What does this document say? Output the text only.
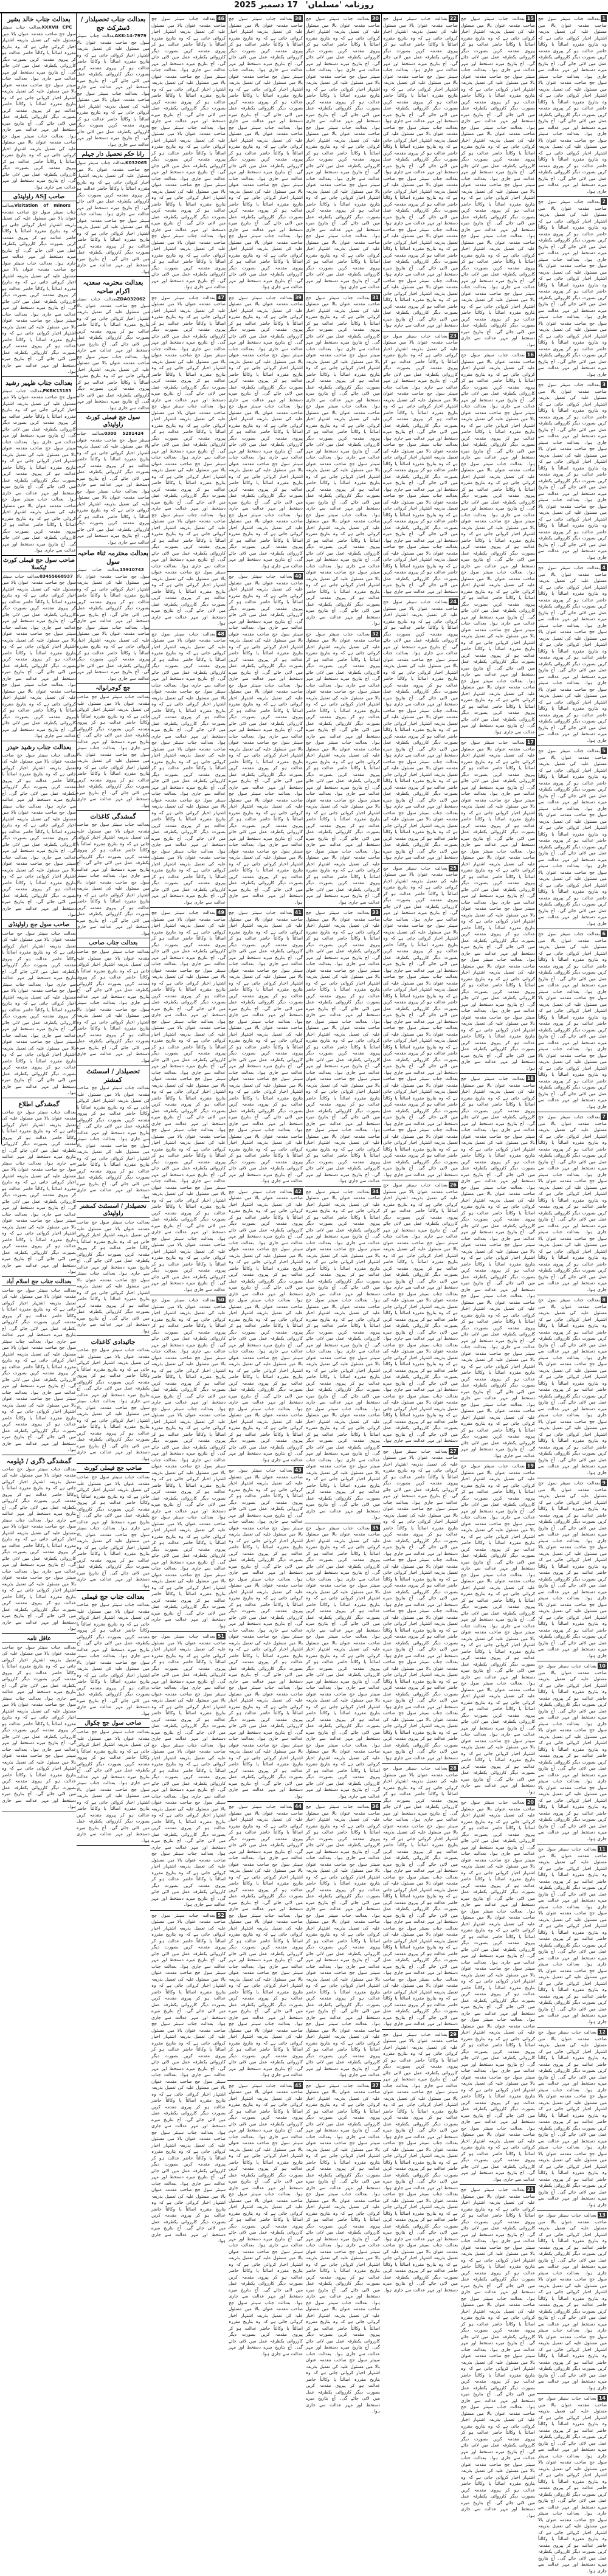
روزنامہ 'مسلمان' 17 دسمبر 2025
1بعدالت جناب سینئر سول جج صاحب مقدمہ عنوان بالا میں مسئول علیہ کی تعمیل بذریعہ اشتہار اخبار کروائی جاتی ہے کہ وہ بتاریخ مقررہ اصالتاً یا وکالتاً حاضر عدالت ہو کر پیروی مقدمہ کریں بصورت دیگر کارروائی یکطرفہ عمل میں لائی جائے گی۔ آج بتاریخ میرے دستخط اور مہر عدالت سے جاری ہوا۔ بعدالت جناب سینئر سول جج صاحب مقدمہ عنوان بالا میں مسئول علیہ کی تعمیل بذریعہ اشتہار اخبار کروائی جاتی ہے کہ وہ بتاریخ مقررہ اصالتاً یا وکالتاً حاضر عدالت ہو کر پیروی مقدمہ کریں بصورت دیگر کارروائی یکطرفہ عمل میں لائی جائے گی۔ آج بتاریخ میرے دستخط اور مہر عدالت سے جاری ہوا۔ بعدالت جناب سینئر سول جج صاحب مقدمہ عنوان بالا میں مسئول علیہ کی تعمیل بذریعہ اشتہار اخبار کروائی جاتی ہے کہ وہ بتاریخ مقررہ اصالتاً یا وکالتاً حاضر عدالت ہو کر پیروی مقدمہ کریں بصورت دیگر کارروائی یکطرفہ عمل میں لائی جائے گی۔ آج بتاریخ میرے دستخط اور مہر عدالت سے جاری ہوا۔
2بعدالت جناب سینئر سول جج صاحب مقدمہ عنوان بالا میں مسئول علیہ کی تعمیل بذریعہ اشتہار اخبار کروائی جاتی ہے کہ وہ بتاریخ مقررہ اصالتاً یا وکالتاً حاضر عدالت ہو کر پیروی مقدمہ کریں بصورت دیگر کارروائی یکطرفہ عمل میں لائی جائے گی۔ آج بتاریخ میرے دستخط اور مہر عدالت سے جاری ہوا۔ بعدالت جناب سینئر سول جج صاحب مقدمہ عنوان بالا میں مسئول علیہ کی تعمیل بذریعہ اشتہار اخبار کروائی جاتی ہے کہ وہ بتاریخ مقررہ اصالتاً یا وکالتاً حاضر عدالت ہو کر پیروی مقدمہ کریں بصورت دیگر کارروائی یکطرفہ عمل میں لائی جائے گی۔ آج بتاریخ میرے دستخط اور مہر عدالت سے جاری ہوا۔ بعدالت جناب سینئر سول جج صاحب مقدمہ عنوان بالا میں مسئول علیہ کی تعمیل بذریعہ اشتہار اخبار کروائی جاتی ہے کہ وہ بتاریخ مقررہ اصالتاً یا وکالتاً حاضر عدالت ہو کر پیروی مقدمہ کریں بصورت دیگر کارروائی یکطرفہ عمل میں لائی جائے گی۔ آج بتاریخ میرے دستخط اور مہر عدالت سے جاری ہوا۔
3بعدالت جناب سینئر سول جج صاحب مقدمہ عنوان بالا میں مسئول علیہ کی تعمیل بذریعہ اشتہار اخبار کروائی جاتی ہے کہ وہ بتاریخ مقررہ اصالتاً یا وکالتاً حاضر عدالت ہو کر پیروی مقدمہ کریں بصورت دیگر کارروائی یکطرفہ عمل میں لائی جائے گی۔ آج بتاریخ میرے دستخط اور مہر عدالت سے جاری ہوا۔ بعدالت جناب سینئر سول جج صاحب مقدمہ عنوان بالا میں مسئول علیہ کی تعمیل بذریعہ اشتہار اخبار کروائی جاتی ہے کہ وہ بتاریخ مقررہ اصالتاً یا وکالتاً حاضر عدالت ہو کر پیروی مقدمہ کریں بصورت دیگر کارروائی یکطرفہ عمل میں لائی جائے گی۔ آج بتاریخ میرے دستخط اور مہر عدالت سے جاری ہوا۔ بعدالت جناب سینئر سول جج صاحب مقدمہ عنوان بالا میں مسئول علیہ کی تعمیل بذریعہ اشتہار اخبار کروائی جاتی ہے کہ وہ بتاریخ مقررہ اصالتاً یا وکالتاً حاضر عدالت ہو کر پیروی مقدمہ کریں بصورت دیگر کارروائی یکطرفہ عمل میں لائی جائے گی۔ آج بتاریخ میرے دستخط اور مہر عدالت سے جاری ہوا۔
4بعدالت جناب سینئر سول جج صاحب مقدمہ عنوان بالا میں مسئول علیہ کی تعمیل بذریعہ اشتہار اخبار کروائی جاتی ہے کہ وہ بتاریخ مقررہ اصالتاً یا وکالتاً حاضر عدالت ہو کر پیروی مقدمہ کریں بصورت دیگر کارروائی یکطرفہ عمل میں لائی جائے گی۔ آج بتاریخ میرے دستخط اور مہر عدالت سے جاری ہوا۔ بعدالت جناب سینئر سول جج صاحب مقدمہ عنوان بالا میں مسئول علیہ کی تعمیل بذریعہ اشتہار اخبار کروائی جاتی ہے کہ وہ بتاریخ مقررہ اصالتاً یا وکالتاً حاضر عدالت ہو کر پیروی مقدمہ کریں بصورت دیگر کارروائی یکطرفہ عمل میں لائی جائے گی۔ آج بتاریخ میرے دستخط اور مہر عدالت سے جاری ہوا۔ بعدالت جناب سینئر سول جج صاحب مقدمہ عنوان بالا میں مسئول علیہ کی تعمیل بذریعہ اشتہار اخبار کروائی جاتی ہے کہ وہ بتاریخ مقررہ اصالتاً یا وکالتاً حاضر عدالت ہو کر پیروی مقدمہ کریں بصورت دیگر کارروائی یکطرفہ عمل میں لائی جائے گی۔ آج بتاریخ میرے دستخط اور مہر عدالت سے جاری ہوا۔
5بعدالت جناب سینئر سول جج صاحب مقدمہ عنوان بالا میں مسئول علیہ کی تعمیل بذریعہ اشتہار اخبار کروائی جاتی ہے کہ وہ بتاریخ مقررہ اصالتاً یا وکالتاً حاضر عدالت ہو کر پیروی مقدمہ کریں بصورت دیگر کارروائی یکطرفہ عمل میں لائی جائے گی۔ آج بتاریخ میرے دستخط اور مہر عدالت سے جاری ہوا۔ بعدالت جناب سینئر سول جج صاحب مقدمہ عنوان بالا میں مسئول علیہ کی تعمیل بذریعہ اشتہار اخبار کروائی جاتی ہے کہ وہ بتاریخ مقررہ اصالتاً یا وکالتاً حاضر عدالت ہو کر پیروی مقدمہ کریں بصورت دیگر کارروائی یکطرفہ عمل میں لائی جائے گی۔ آج بتاریخ میرے دستخط اور مہر عدالت سے جاری ہوا۔ بعدالت جناب سینئر سول جج صاحب مقدمہ عنوان بالا میں مسئول علیہ کی تعمیل بذریعہ اشتہار اخبار کروائی جاتی ہے کہ وہ بتاریخ مقررہ اصالتاً یا وکالتاً حاضر عدالت ہو کر پیروی مقدمہ کریں بصورت دیگر کارروائی یکطرفہ عمل میں لائی جائے گی۔ آج بتاریخ میرے دستخط اور مہر عدالت سے جاری ہوا۔
6بعدالت جناب سینئر سول جج صاحب مقدمہ عنوان بالا میں مسئول علیہ کی تعمیل بذریعہ اشتہار اخبار کروائی جاتی ہے کہ وہ بتاریخ مقررہ اصالتاً یا وکالتاً حاضر عدالت ہو کر پیروی مقدمہ کریں بصورت دیگر کارروائی یکطرفہ عمل میں لائی جائے گی۔ آج بتاریخ میرے دستخط اور مہر عدالت سے جاری ہوا۔ بعدالت جناب سینئر سول جج صاحب مقدمہ عنوان بالا میں مسئول علیہ کی تعمیل بذریعہ اشتہار اخبار کروائی جاتی ہے کہ وہ بتاریخ مقررہ اصالتاً یا وکالتاً حاضر عدالت ہو کر پیروی مقدمہ کریں بصورت دیگر کارروائی یکطرفہ عمل میں لائی جائے گی۔ آج بتاریخ میرے دستخط اور مہر عدالت سے جاری ہوا۔ بعدالت جناب سینئر سول جج صاحب مقدمہ عنوان بالا میں مسئول علیہ کی تعمیل بذریعہ اشتہار اخبار کروائی جاتی ہے کہ وہ بتاریخ مقررہ اصالتاً یا وکالتاً حاضر عدالت ہو کر پیروی مقدمہ کریں بصورت دیگر کارروائی یکطرفہ عمل میں لائی جائے گی۔ آج بتاریخ میرے دستخط اور مہر عدالت سے جاری ہوا۔
7بعدالت جناب سینئر سول جج صاحب مقدمہ عنوان بالا میں مسئول علیہ کی تعمیل بذریعہ اشتہار اخبار کروائی جاتی ہے کہ وہ بتاریخ مقررہ اصالتاً یا وکالتاً حاضر عدالت ہو کر پیروی مقدمہ کریں بصورت دیگر کارروائی یکطرفہ عمل میں لائی جائے گی۔ آج بتاریخ میرے دستخط اور مہر عدالت سے جاری ہوا۔ بعدالت جناب سینئر سول جج صاحب مقدمہ عنوان بالا میں مسئول علیہ کی تعمیل بذریعہ اشتہار اخبار کروائی جاتی ہے کہ وہ بتاریخ مقررہ اصالتاً یا وکالتاً حاضر عدالت ہو کر پیروی مقدمہ کریں بصورت دیگر کارروائی یکطرفہ عمل میں لائی جائے گی۔ آج بتاریخ میرے دستخط اور مہر عدالت سے جاری ہوا۔ بعدالت جناب سینئر سول جج صاحب مقدمہ عنوان بالا میں مسئول علیہ کی تعمیل بذریعہ اشتہار اخبار کروائی جاتی ہے کہ وہ بتاریخ مقررہ اصالتاً یا وکالتاً حاضر عدالت ہو کر پیروی مقدمہ کریں بصورت دیگر کارروائی یکطرفہ عمل میں لائی جائے گی۔ آج بتاریخ میرے دستخط اور مہر عدالت سے جاری ہوا۔
8بعدالت جناب سینئر سول جج صاحب مقدمہ عنوان بالا میں مسئول علیہ کی تعمیل بذریعہ اشتہار اخبار کروائی جاتی ہے کہ وہ بتاریخ مقررہ اصالتاً یا وکالتاً حاضر عدالت ہو کر پیروی مقدمہ کریں بصورت دیگر کارروائی یکطرفہ عمل میں لائی جائے گی۔ آج بتاریخ میرے دستخط اور مہر عدالت سے جاری ہوا۔ بعدالت جناب سینئر سول جج صاحب مقدمہ عنوان بالا میں مسئول علیہ کی تعمیل بذریعہ اشتہار اخبار کروائی جاتی ہے کہ وہ بتاریخ مقررہ اصالتاً یا وکالتاً حاضر عدالت ہو کر پیروی مقدمہ کریں بصورت دیگر کارروائی یکطرفہ عمل میں لائی جائے گی۔ آج بتاریخ میرے دستخط اور مہر عدالت سے جاری ہوا۔ بعدالت جناب سینئر سول جج صاحب مقدمہ عنوان بالا میں مسئول علیہ کی تعمیل بذریعہ اشتہار اخبار کروائی جاتی ہے کہ وہ بتاریخ مقررہ اصالتاً یا وکالتاً حاضر عدالت ہو کر پیروی مقدمہ کریں بصورت دیگر کارروائی یکطرفہ عمل میں لائی جائے گی۔ آج بتاریخ میرے دستخط اور مہر عدالت سے جاری ہوا۔
9بعدالت جناب سینئر سول جج صاحب مقدمہ عنوان بالا میں مسئول علیہ کی تعمیل بذریعہ اشتہار اخبار کروائی جاتی ہے کہ وہ بتاریخ مقررہ اصالتاً یا وکالتاً حاضر عدالت ہو کر پیروی مقدمہ کریں بصورت دیگر کارروائی یکطرفہ عمل میں لائی جائے گی۔ آج بتاریخ میرے دستخط اور مہر عدالت سے جاری ہوا۔ بعدالت جناب سینئر سول جج صاحب مقدمہ عنوان بالا میں مسئول علیہ کی تعمیل بذریعہ اشتہار اخبار کروائی جاتی ہے کہ وہ بتاریخ مقررہ اصالتاً یا وکالتاً حاضر عدالت ہو کر پیروی مقدمہ کریں بصورت دیگر کارروائی یکطرفہ عمل میں لائی جائے گی۔ آج بتاریخ میرے دستخط اور مہر عدالت سے جاری ہوا۔ بعدالت جناب سینئر سول جج صاحب مقدمہ عنوان بالا میں مسئول علیہ کی تعمیل بذریعہ اشتہار اخبار کروائی جاتی ہے کہ وہ بتاریخ مقررہ اصالتاً یا وکالتاً حاضر عدالت ہو کر پیروی مقدمہ کریں بصورت دیگر کارروائی یکطرفہ عمل میں لائی جائے گی۔ آج بتاریخ میرے دستخط اور مہر عدالت سے جاری ہوا۔
10بعدالت جناب سینئر سول جج صاحب مقدمہ عنوان بالا میں مسئول علیہ کی تعمیل بذریعہ اشتہار اخبار کروائی جاتی ہے کہ وہ بتاریخ مقررہ اصالتاً یا وکالتاً حاضر عدالت ہو کر پیروی مقدمہ کریں بصورت دیگر کارروائی یکطرفہ عمل میں لائی جائے گی۔ آج بتاریخ میرے دستخط اور مہر عدالت سے جاری ہوا۔ بعدالت جناب سینئر سول جج صاحب مقدمہ عنوان بالا میں مسئول علیہ کی تعمیل بذریعہ اشتہار اخبار کروائی جاتی ہے کہ وہ بتاریخ مقررہ اصالتاً یا وکالتاً حاضر عدالت ہو کر پیروی مقدمہ کریں بصورت دیگر کارروائی یکطرفہ عمل میں لائی جائے گی۔ آج بتاریخ میرے دستخط اور مہر عدالت سے جاری ہوا۔ بعدالت جناب سینئر سول جج صاحب مقدمہ عنوان بالا میں مسئول علیہ کی تعمیل بذریعہ اشتہار اخبار کروائی جاتی ہے کہ وہ بتاریخ مقررہ اصالتاً یا وکالتاً حاضر عدالت ہو کر پیروی مقدمہ کریں بصورت دیگر کارروائی یکطرفہ عمل میں لائی جائے گی۔ آج بتاریخ میرے دستخط اور مہر عدالت سے جاری ہوا۔
11بعدالت جناب سینئر سول جج صاحب مقدمہ عنوان بالا میں مسئول علیہ کی تعمیل بذریعہ اشتہار اخبار کروائی جاتی ہے کہ وہ بتاریخ مقررہ اصالتاً یا وکالتاً حاضر عدالت ہو کر پیروی مقدمہ کریں بصورت دیگر کارروائی یکطرفہ عمل میں لائی جائے گی۔ آج بتاریخ میرے دستخط اور مہر عدالت سے جاری ہوا۔ بعدالت جناب سینئر سول جج صاحب مقدمہ عنوان بالا میں مسئول علیہ کی تعمیل بذریعہ اشتہار اخبار کروائی جاتی ہے کہ وہ بتاریخ مقررہ اصالتاً یا وکالتاً حاضر عدالت ہو کر پیروی مقدمہ کریں بصورت دیگر کارروائی یکطرفہ عمل میں لائی جائے گی۔ آج بتاریخ میرے دستخط اور مہر عدالت سے جاری ہوا۔ بعدالت جناب سینئر سول جج صاحب مقدمہ عنوان بالا میں مسئول علیہ کی تعمیل بذریعہ اشتہار اخبار کروائی جاتی ہے کہ وہ بتاریخ مقررہ اصالتاً یا وکالتاً حاضر عدالت ہو کر پیروی مقدمہ کریں بصورت دیگر کارروائی یکطرفہ عمل میں لائی جائے گی۔ آج بتاریخ میرے دستخط اور مہر عدالت سے جاری ہوا۔
12بعدالت جناب سینئر سول جج صاحب مقدمہ عنوان بالا میں مسئول علیہ کی تعمیل بذریعہ اشتہار اخبار کروائی جاتی ہے کہ وہ بتاریخ مقررہ اصالتاً یا وکالتاً حاضر عدالت ہو کر پیروی مقدمہ کریں بصورت دیگر کارروائی یکطرفہ عمل میں لائی جائے گی۔ آج بتاریخ میرے دستخط اور مہر عدالت سے جاری ہوا۔ بعدالت جناب سینئر سول جج صاحب مقدمہ عنوان بالا میں مسئول علیہ کی تعمیل بذریعہ اشتہار اخبار کروائی جاتی ہے کہ وہ بتاریخ مقررہ اصالتاً یا وکالتاً حاضر عدالت ہو کر پیروی مقدمہ کریں بصورت دیگر کارروائی یکطرفہ عمل میں لائی جائے گی۔ آج بتاریخ میرے دستخط اور مہر عدالت سے جاری ہوا۔ بعدالت جناب سینئر سول جج صاحب مقدمہ عنوان بالا میں مسئول علیہ کی تعمیل بذریعہ اشتہار اخبار کروائی جاتی ہے کہ وہ بتاریخ مقررہ اصالتاً یا وکالتاً حاضر عدالت ہو کر پیروی مقدمہ کریں بصورت دیگر کارروائی یکطرفہ عمل میں لائی جائے گی۔ آج بتاریخ میرے دستخط اور مہر عدالت سے جاری ہوا۔
13بعدالت جناب سینئر سول جج صاحب مقدمہ عنوان بالا میں مسئول علیہ کی تعمیل بذریعہ اشتہار اخبار کروائی جاتی ہے کہ وہ بتاریخ مقررہ اصالتاً یا وکالتاً حاضر عدالت ہو کر پیروی مقدمہ کریں بصورت دیگر کارروائی یکطرفہ عمل میں لائی جائے گی۔ آج بتاریخ میرے دستخط اور مہر عدالت سے جاری ہوا۔ بعدالت جناب سینئر سول جج صاحب مقدمہ عنوان بالا میں مسئول علیہ کی تعمیل بذریعہ اشتہار اخبار کروائی جاتی ہے کہ وہ بتاریخ مقررہ اصالتاً یا وکالتاً حاضر عدالت ہو کر پیروی مقدمہ کریں بصورت دیگر کارروائی یکطرفہ عمل میں لائی جائے گی۔ آج بتاریخ میرے دستخط اور مہر عدالت سے جاری ہوا۔ بعدالت جناب سینئر سول جج صاحب مقدمہ عنوان بالا میں مسئول علیہ کی تعمیل بذریعہ اشتہار اخبار کروائی جاتی ہے کہ وہ بتاریخ مقررہ اصالتاً یا وکالتاً حاضر عدالت ہو کر پیروی مقدمہ کریں بصورت دیگر کارروائی یکطرفہ عمل میں لائی جائے گی۔ آج بتاریخ میرے دستخط اور مہر عدالت سے جاری ہوا۔
14بعدالت جناب سینئر سول جج صاحب مقدمہ عنوان بالا میں مسئول علیہ کی تعمیل بذریعہ اشتہار اخبار کروائی جاتی ہے کہ وہ بتاریخ مقررہ اصالتاً یا وکالتاً حاضر عدالت ہو کر پیروی مقدمہ کریں بصورت دیگر کارروائی یکطرفہ عمل میں لائی جائے گی۔ آج بتاریخ میرے دستخط اور مہر عدالت سے جاری ہوا۔ بعدالت جناب سینئر سول جج صاحب مقدمہ عنوان بالا میں مسئول علیہ کی تعمیل بذریعہ اشتہار اخبار کروائی جاتی ہے کہ وہ بتاریخ مقررہ اصالتاً یا وکالتاً حاضر عدالت ہو کر پیروی مقدمہ کریں بصورت دیگر کارروائی یکطرفہ عمل میں لائی جائے گی۔ آج بتاریخ میرے دستخط اور مہر عدالت سے جاری ہوا۔ بعدالت جناب سینئر سول جج صاحب مقدمہ عنوان بالا میں مسئول علیہ کی تعمیل بذریعہ اشتہار اخبار کروائی جاتی ہے کہ وہ بتاریخ مقررہ اصالتاً یا وکالتاً حاضر عدالت ہو کر پیروی مقدمہ کریں بصورت دیگر کارروائی یکطرفہ عمل میں لائی جائے گی۔ آج بتاریخ میرے دستخط اور مہر عدالت سے جاری ہوا۔
15بعدالت جناب سینئر سول جج صاحب مقدمہ عنوان بالا میں مسئول علیہ کی تعمیل بذریعہ اشتہار اخبار کروائی جاتی ہے کہ وہ بتاریخ مقررہ اصالتاً یا وکالتاً حاضر عدالت ہو کر پیروی مقدمہ کریں بصورت دیگر کارروائی یکطرفہ عمل میں لائی جائے گی۔ آج بتاریخ میرے دستخط اور مہر عدالت سے جاری ہوا۔ بعدالت جناب سینئر سول جج صاحب مقدمہ عنوان بالا میں مسئول علیہ کی تعمیل بذریعہ اشتہار اخبار کروائی جاتی ہے کہ وہ بتاریخ مقررہ اصالتاً یا وکالتاً حاضر عدالت ہو کر پیروی مقدمہ کریں بصورت دیگر کارروائی یکطرفہ عمل میں لائی جائے گی۔ آج بتاریخ میرے دستخط اور مہر عدالت سے جاری ہوا۔ بعدالت جناب سینئر سول جج صاحب مقدمہ عنوان بالا میں مسئول علیہ کی تعمیل بذریعہ اشتہار اخبار کروائی جاتی ہے کہ وہ بتاریخ مقررہ اصالتاً یا وکالتاً حاضر عدالت ہو کر پیروی مقدمہ کریں بصورت دیگر کارروائی یکطرفہ عمل میں لائی جائے گی۔ آج بتاریخ میرے دستخط اور مہر عدالت سے جاری ہوا۔ بعدالت جناب سینئر سول جج صاحب مقدمہ عنوان بالا میں مسئول علیہ کی تعمیل بذریعہ اشتہار اخبار کروائی جاتی ہے کہ وہ بتاریخ مقررہ اصالتاً یا وکالتاً حاضر عدالت ہو کر پیروی مقدمہ کریں بصورت دیگر کارروائی یکطرفہ عمل میں لائی جائے گی۔ آج بتاریخ میرے دستخط اور مہر عدالت سے جاری ہوا۔ بعدالت جناب سینئر سول جج صاحب مقدمہ عنوان بالا میں مسئول علیہ کی تعمیل بذریعہ اشتہار اخبار کروائی جاتی ہے کہ وہ بتاریخ مقررہ اصالتاً یا وکالتاً حاضر عدالت ہو کر پیروی مقدمہ کریں بصورت دیگر کارروائی یکطرفہ عمل میں لائی جائے گی۔ آج بتاریخ میرے دستخط اور مہر عدالت سے جاری ہوا۔ بعدالت جناب سینئر سول جج صاحب مقدمہ عنوان بالا میں مسئول علیہ کی تعمیل بذریعہ اشتہار اخبار کروائی جاتی ہے کہ وہ بتاریخ مقررہ اصالتاً یا وکالتاً حاضر عدالت ہو کر پیروی مقدمہ کریں بصورت دیگر کارروائی یکطرفہ عمل میں لائی جائے گی۔ آج بتاریخ میرے دستخط اور مہر عدالت سے جاری ہوا۔
16بعدالت جناب سینئر سول جج صاحب مقدمہ عنوان بالا میں مسئول علیہ کی تعمیل بذریعہ اشتہار اخبار کروائی جاتی ہے کہ وہ بتاریخ مقررہ اصالتاً یا وکالتاً حاضر عدالت ہو کر پیروی مقدمہ کریں بصورت دیگر کارروائی یکطرفہ عمل میں لائی جائے گی۔ آج بتاریخ میرے دستخط اور مہر عدالت سے جاری ہوا۔ بعدالت جناب سینئر سول جج صاحب مقدمہ عنوان بالا میں مسئول علیہ کی تعمیل بذریعہ اشتہار اخبار کروائی جاتی ہے کہ وہ بتاریخ مقررہ اصالتاً یا وکالتاً حاضر عدالت ہو کر پیروی مقدمہ کریں بصورت دیگر کارروائی یکطرفہ عمل میں لائی جائے گی۔ آج بتاریخ میرے دستخط اور مہر عدالت سے جاری ہوا۔ بعدالت جناب سینئر سول جج صاحب مقدمہ عنوان بالا میں مسئول علیہ کی تعمیل بذریعہ اشتہار اخبار کروائی جاتی ہے کہ وہ بتاریخ مقررہ اصالتاً یا وکالتاً حاضر عدالت ہو کر پیروی مقدمہ کریں بصورت دیگر کارروائی یکطرفہ عمل میں لائی جائے گی۔ آج بتاریخ میرے دستخط اور مہر عدالت سے جاری ہوا۔ بعدالت جناب سینئر سول جج صاحب مقدمہ عنوان بالا میں مسئول علیہ کی تعمیل بذریعہ اشتہار اخبار کروائی جاتی ہے کہ وہ بتاریخ مقررہ اصالتاً یا وکالتاً حاضر عدالت ہو کر پیروی مقدمہ کریں بصورت دیگر کارروائی یکطرفہ عمل میں لائی جائے گی۔ آج بتاریخ میرے دستخط اور مہر عدالت سے جاری ہوا۔ بعدالت جناب سینئر سول جج صاحب مقدمہ عنوان بالا میں مسئول علیہ کی تعمیل بذریعہ اشتہار اخبار کروائی جاتی ہے کہ وہ بتاریخ مقررہ اصالتاً یا وکالتاً حاضر عدالت ہو کر پیروی مقدمہ کریں بصورت دیگر کارروائی یکطرفہ عمل میں لائی جائے گی۔ آج بتاریخ میرے دستخط اور مہر عدالت سے جاری ہوا۔ بعدالت جناب سینئر سول جج صاحب مقدمہ عنوان بالا میں مسئول علیہ کی تعمیل بذریعہ اشتہار اخبار کروائی جاتی ہے کہ وہ بتاریخ مقررہ اصالتاً یا وکالتاً حاضر عدالت ہو کر پیروی مقدمہ کریں بصورت دیگر کارروائی یکطرفہ عمل میں لائی جائے گی۔ آج بتاریخ میرے دستخط اور مہر عدالت سے جاری ہوا۔ بعدالت جناب سینئر سول جج صاحب مقدمہ عنوان بالا میں مسئول علیہ کی تعمیل بذریعہ اشتہار اخبار کروائی جاتی ہے کہ وہ بتاریخ مقررہ اصالتاً یا وکالتاً حاضر عدالت ہو کر پیروی مقدمہ کریں بصورت دیگر کارروائی یکطرفہ عمل میں لائی جائے گی۔ آج بتاریخ میرے دستخط اور مہر عدالت سے جاری ہوا۔
17بعدالت جناب سینئر سول جج صاحب مقدمہ عنوان بالا میں مسئول علیہ کی تعمیل بذریعہ اشتہار اخبار کروائی جاتی ہے کہ وہ بتاریخ مقررہ اصالتاً یا وکالتاً حاضر عدالت ہو کر پیروی مقدمہ کریں بصورت دیگر کارروائی یکطرفہ عمل میں لائی جائے گی۔ آج بتاریخ میرے دستخط اور مہر عدالت سے جاری ہوا۔ بعدالت جناب سینئر سول جج صاحب مقدمہ عنوان بالا میں مسئول علیہ کی تعمیل بذریعہ اشتہار اخبار کروائی جاتی ہے کہ وہ بتاریخ مقررہ اصالتاً یا وکالتاً حاضر عدالت ہو کر پیروی مقدمہ کریں بصورت دیگر کارروائی یکطرفہ عمل میں لائی جائے گی۔ آج بتاریخ میرے دستخط اور مہر عدالت سے جاری ہوا۔ بعدالت جناب سینئر سول جج صاحب مقدمہ عنوان بالا میں مسئول علیہ کی تعمیل بذریعہ اشتہار اخبار کروائی جاتی ہے کہ وہ بتاریخ مقررہ اصالتاً یا وکالتاً حاضر عدالت ہو کر پیروی مقدمہ کریں بصورت دیگر کارروائی یکطرفہ عمل میں لائی جائے گی۔ آج بتاریخ میرے دستخط اور مہر عدالت سے جاری ہوا۔ بعدالت جناب سینئر سول جج صاحب مقدمہ عنوان بالا میں مسئول علیہ کی تعمیل بذریعہ اشتہار اخبار کروائی جاتی ہے کہ وہ بتاریخ مقررہ اصالتاً یا وکالتاً حاضر عدالت ہو کر پیروی مقدمہ کریں بصورت دیگر کارروائی یکطرفہ عمل میں لائی جائے گی۔ آج بتاریخ میرے دستخط اور مہر عدالت سے جاری ہوا۔ بعدالت جناب سینئر سول جج صاحب مقدمہ عنوان بالا میں مسئول علیہ کی تعمیل بذریعہ اشتہار اخبار کروائی جاتی ہے کہ وہ بتاریخ مقررہ اصالتاً یا وکالتاً حاضر عدالت ہو کر پیروی مقدمہ کریں بصورت دیگر کارروائی یکطرفہ عمل میں لائی جائے گی۔ آج بتاریخ میرے دستخط اور مہر عدالت سے جاری ہوا۔ بعدالت جناب سینئر سول جج صاحب مقدمہ عنوان بالا میں مسئول علیہ کی تعمیل بذریعہ اشتہار اخبار کروائی جاتی ہے کہ وہ بتاریخ مقررہ اصالتاً یا وکالتاً حاضر عدالت ہو کر پیروی مقدمہ کریں بصورت دیگر کارروائی یکطرفہ عمل میں لائی جائے گی۔ آج بتاریخ میرے دستخط اور مہر عدالت سے جاری ہوا۔
18بعدالت جناب سینئر سول جج صاحب مقدمہ عنوان بالا میں مسئول علیہ کی تعمیل بذریعہ اشتہار اخبار کروائی جاتی ہے کہ وہ بتاریخ مقررہ اصالتاً یا وکالتاً حاضر عدالت ہو کر پیروی مقدمہ کریں بصورت دیگر کارروائی یکطرفہ عمل میں لائی جائے گی۔ آج بتاریخ میرے دستخط اور مہر عدالت سے جاری ہوا۔ بعدالت جناب سینئر سول جج صاحب مقدمہ عنوان بالا میں مسئول علیہ کی تعمیل بذریعہ اشتہار اخبار کروائی جاتی ہے کہ وہ بتاریخ مقررہ اصالتاً یا وکالتاً حاضر عدالت ہو کر پیروی مقدمہ کریں بصورت دیگر کارروائی یکطرفہ عمل میں لائی جائے گی۔ آج بتاریخ میرے دستخط اور مہر عدالت سے جاری ہوا۔ بعدالت جناب سینئر سول جج صاحب مقدمہ عنوان بالا میں مسئول علیہ کی تعمیل بذریعہ اشتہار اخبار کروائی جاتی ہے کہ وہ بتاریخ مقررہ اصالتاً یا وکالتاً حاضر عدالت ہو کر پیروی مقدمہ کریں بصورت دیگر کارروائی یکطرفہ عمل میں لائی جائے گی۔ آج بتاریخ میرے دستخط اور مہر عدالت سے جاری ہوا۔ بعدالت جناب سینئر سول جج صاحب مقدمہ عنوان بالا میں مسئول علیہ کی تعمیل بذریعہ اشتہار اخبار کروائی جاتی ہے کہ وہ بتاریخ مقررہ اصالتاً یا وکالتاً حاضر عدالت ہو کر پیروی مقدمہ کریں بصورت دیگر کارروائی یکطرفہ عمل میں لائی جائے گی۔ آج بتاریخ میرے دستخط اور مہر عدالت سے جاری ہوا۔ بعدالت جناب سینئر سول جج صاحب مقدمہ عنوان بالا میں مسئول علیہ کی تعمیل بذریعہ اشتہار اخبار کروائی جاتی ہے کہ وہ بتاریخ مقررہ اصالتاً یا وکالتاً حاضر عدالت ہو کر پیروی مقدمہ کریں بصورت دیگر کارروائی یکطرفہ عمل میں لائی جائے گی۔ آج بتاریخ میرے دستخط اور مہر عدالت سے جاری ہوا۔ بعدالت جناب سینئر سول جج صاحب مقدمہ عنوان بالا میں مسئول علیہ کی تعمیل بذریعہ اشتہار اخبار کروائی جاتی ہے کہ وہ بتاریخ مقررہ اصالتاً یا وکالتاً حاضر عدالت ہو کر پیروی مقدمہ کریں بصورت دیگر کارروائی یکطرفہ عمل میں لائی جائے گی۔ آج بتاریخ میرے دستخط اور مہر عدالت سے جاری ہوا۔ بعدالت جناب سینئر سول جج صاحب مقدمہ عنوان بالا میں مسئول علیہ کی تعمیل بذریعہ اشتہار اخبار کروائی جاتی ہے کہ وہ بتاریخ مقررہ اصالتاً یا وکالتاً حاضر عدالت ہو کر پیروی مقدمہ کریں بصورت دیگر کارروائی یکطرفہ عمل میں لائی جائے گی۔ آج بتاریخ میرے دستخط اور مہر عدالت سے جاری ہوا۔
19بعدالت جناب سینئر سول جج صاحب مقدمہ عنوان بالا میں مسئول علیہ کی تعمیل بذریعہ اشتہار اخبار کروائی جاتی ہے کہ وہ بتاریخ مقررہ اصالتاً یا وکالتاً حاضر عدالت ہو کر پیروی مقدمہ کریں بصورت دیگر کارروائی یکطرفہ عمل میں لائی جائے گی۔ آج بتاریخ میرے دستخط اور مہر عدالت سے جاری ہوا۔ بعدالت جناب سینئر سول جج صاحب مقدمہ عنوان بالا میں مسئول علیہ کی تعمیل بذریعہ اشتہار اخبار کروائی جاتی ہے کہ وہ بتاریخ مقررہ اصالتاً یا وکالتاً حاضر عدالت ہو کر پیروی مقدمہ کریں بصورت دیگر کارروائی یکطرفہ عمل میں لائی جائے گی۔ آج بتاریخ میرے دستخط اور مہر عدالت سے جاری ہوا۔ بعدالت جناب سینئر سول جج صاحب مقدمہ عنوان بالا میں مسئول علیہ کی تعمیل بذریعہ اشتہار اخبار کروائی جاتی ہے کہ وہ بتاریخ مقررہ اصالتاً یا وکالتاً حاضر عدالت ہو کر پیروی مقدمہ کریں بصورت دیگر کارروائی یکطرفہ عمل میں لائی جائے گی۔ آج بتاریخ میرے دستخط اور مہر عدالت سے جاری ہوا۔ بعدالت جناب سینئر سول جج صاحب مقدمہ عنوان بالا میں مسئول علیہ کی تعمیل بذریعہ اشتہار اخبار کروائی جاتی ہے کہ وہ بتاریخ مقررہ اصالتاً یا وکالتاً حاضر عدالت ہو کر پیروی مقدمہ کریں بصورت دیگر کارروائی یکطرفہ عمل میں لائی جائے گی۔ آج بتاریخ میرے دستخط اور مہر عدالت سے جاری ہوا۔ بعدالت جناب سینئر سول جج صاحب مقدمہ عنوان بالا میں مسئول علیہ کی تعمیل بذریعہ اشتہار اخبار کروائی جاتی ہے کہ وہ بتاریخ مقررہ اصالتاً یا وکالتاً حاضر عدالت ہو کر پیروی مقدمہ کریں بصورت دیگر کارروائی یکطرفہ عمل میں لائی جائے گی۔ آج بتاریخ میرے دستخط اور مہر عدالت سے جاری ہوا۔ بعدالت جناب سینئر سول جج صاحب مقدمہ عنوان بالا میں مسئول علیہ کی تعمیل بذریعہ اشتہار اخبار کروائی جاتی ہے کہ وہ بتاریخ مقررہ اصالتاً یا وکالتاً حاضر عدالت ہو کر پیروی مقدمہ کریں بصورت دیگر کارروائی یکطرفہ عمل میں لائی جائے گی۔ آج بتاریخ میرے دستخط اور مہر عدالت سے جاری ہوا۔
20بعدالت جناب سینئر سول جج صاحب مقدمہ عنوان بالا میں مسئول علیہ کی تعمیل بذریعہ اشتہار اخبار کروائی جاتی ہے کہ وہ بتاریخ مقررہ اصالتاً یا وکالتاً حاضر عدالت ہو کر پیروی مقدمہ کریں بصورت دیگر کارروائی یکطرفہ عمل میں لائی جائے گی۔ آج بتاریخ میرے دستخط اور مہر عدالت سے جاری ہوا۔ بعدالت جناب سینئر سول جج صاحب مقدمہ عنوان بالا میں مسئول علیہ کی تعمیل بذریعہ اشتہار اخبار کروائی جاتی ہے کہ وہ بتاریخ مقررہ اصالتاً یا وکالتاً حاضر عدالت ہو کر پیروی مقدمہ کریں بصورت دیگر کارروائی یکطرفہ عمل میں لائی جائے گی۔ آج بتاریخ میرے دستخط اور مہر عدالت سے جاری ہوا۔ بعدالت جناب سینئر سول جج صاحب مقدمہ عنوان بالا میں مسئول علیہ کی تعمیل بذریعہ اشتہار اخبار کروائی جاتی ہے کہ وہ بتاریخ مقررہ اصالتاً یا وکالتاً حاضر عدالت ہو کر پیروی مقدمہ کریں بصورت دیگر کارروائی یکطرفہ عمل میں لائی جائے گی۔ آج بتاریخ میرے دستخط اور مہر عدالت سے جاری ہوا۔ بعدالت جناب سینئر سول جج صاحب مقدمہ عنوان بالا میں مسئول علیہ کی تعمیل بذریعہ اشتہار اخبار کروائی جاتی ہے کہ وہ بتاریخ مقررہ اصالتاً یا وکالتاً حاضر عدالت ہو کر پیروی مقدمہ کریں بصورت دیگر کارروائی یکطرفہ عمل میں لائی جائے گی۔ آج بتاریخ میرے دستخط اور مہر عدالت سے جاری ہوا۔ بعدالت جناب سینئر سول جج صاحب مقدمہ عنوان بالا میں مسئول علیہ کی تعمیل بذریعہ اشتہار اخبار کروائی جاتی ہے کہ وہ بتاریخ مقررہ اصالتاً یا وکالتاً حاضر عدالت ہو کر پیروی مقدمہ کریں بصورت دیگر کارروائی یکطرفہ عمل میں لائی جائے گی۔ آج بتاریخ میرے دستخط اور مہر عدالت سے جاری ہوا۔ بعدالت جناب سینئر سول جج صاحب مقدمہ عنوان بالا میں مسئول علیہ کی تعمیل بذریعہ اشتہار اخبار کروائی جاتی ہے کہ وہ بتاریخ مقررہ اصالتاً یا وکالتاً حاضر عدالت ہو کر پیروی مقدمہ کریں بصورت دیگر کارروائی یکطرفہ عمل میں لائی جائے گی۔ آج بتاریخ میرے دستخط اور مہر عدالت سے جاری ہوا۔ بعدالت جناب سینئر سول جج صاحب مقدمہ عنوان بالا میں مسئول علیہ کی تعمیل بذریعہ اشتہار اخبار کروائی جاتی ہے کہ وہ بتاریخ مقررہ اصالتاً یا وکالتاً حاضر عدالت ہو کر پیروی مقدمہ کریں بصورت دیگر کارروائی یکطرفہ عمل میں لائی جائے گی۔ آج بتاریخ میرے دستخط اور مہر عدالت سے جاری ہوا۔
21بعدالت جناب سینئر سول جج صاحب مقدمہ عنوان بالا میں مسئول علیہ کی تعمیل بذریعہ اشتہار اخبار کروائی جاتی ہے کہ وہ بتاریخ مقررہ اصالتاً یا وکالتاً حاضر عدالت ہو کر پیروی مقدمہ کریں بصورت دیگر کارروائی یکطرفہ عمل میں لائی جائے گی۔ آج بتاریخ میرے دستخط اور مہر عدالت سے جاری ہوا۔ بعدالت جناب سینئر سول جج صاحب مقدمہ عنوان بالا میں مسئول علیہ کی تعمیل بذریعہ اشتہار اخبار کروائی جاتی ہے کہ وہ بتاریخ مقررہ اصالتاً یا وکالتاً حاضر عدالت ہو کر پیروی مقدمہ کریں بصورت دیگر کارروائی یکطرفہ عمل میں لائی جائے گی۔ آج بتاریخ میرے دستخط اور مہر عدالت سے جاری ہوا۔ بعدالت جناب سینئر سول جج صاحب مقدمہ عنوان بالا میں مسئول علیہ کی تعمیل بذریعہ اشتہار اخبار کروائی جاتی ہے کہ وہ بتاریخ مقررہ اصالتاً یا وکالتاً حاضر عدالت ہو کر پیروی مقدمہ کریں بصورت دیگر کارروائی یکطرفہ عمل میں لائی جائے گی۔ آج بتاریخ میرے دستخط اور مہر عدالت سے جاری ہوا۔ بعدالت جناب سینئر سول جج صاحب مقدمہ عنوان بالا میں مسئول علیہ کی تعمیل بذریعہ اشتہار اخبار کروائی جاتی ہے کہ وہ بتاریخ مقررہ اصالتاً یا وکالتاً حاضر عدالت ہو کر پیروی مقدمہ کریں بصورت دیگر کارروائی یکطرفہ عمل میں لائی جائے گی۔ آج بتاریخ میرے دستخط اور مہر عدالت سے جاری ہوا۔ بعدالت جناب سینئر سول جج صاحب مقدمہ عنوان بالا میں مسئول علیہ کی تعمیل بذریعہ اشتہار اخبار کروائی جاتی ہے کہ وہ بتاریخ مقررہ اصالتاً یا وکالتاً حاضر عدالت ہو کر پیروی مقدمہ کریں بصورت دیگر کارروائی یکطرفہ عمل میں لائی جائے گی۔ آج بتاریخ میرے دستخط اور مہر عدالت سے جاری ہوا۔ بعدالت جناب سینئر سول جج صاحب مقدمہ عنوان بالا میں مسئول علیہ کی تعمیل بذریعہ اشتہار اخبار کروائی جاتی ہے کہ وہ بتاریخ مقررہ اصالتاً یا وکالتاً حاضر عدالت ہو کر پیروی مقدمہ کریں بصورت دیگر کارروائی یکطرفہ عمل میں لائی جائے گی۔ آج بتاریخ میرے دستخط اور مہر عدالت سے جاری ہوا۔
22بعدالت جناب سینئر سول جج صاحب مقدمہ عنوان بالا میں مسئول علیہ کی تعمیل بذریعہ اشتہار اخبار کروائی جاتی ہے کہ وہ بتاریخ مقررہ اصالتاً یا وکالتاً حاضر عدالت ہو کر پیروی مقدمہ کریں بصورت دیگر کارروائی یکطرفہ عمل میں لائی جائے گی۔ آج بتاریخ میرے دستخط اور مہر عدالت سے جاری ہوا۔ بعدالت جناب سینئر سول جج صاحب مقدمہ عنوان بالا میں مسئول علیہ کی تعمیل بذریعہ اشتہار اخبار کروائی جاتی ہے کہ وہ بتاریخ مقررہ اصالتاً یا وکالتاً حاضر عدالت ہو کر پیروی مقدمہ کریں بصورت دیگر کارروائی یکطرفہ عمل میں لائی جائے گی۔ آج بتاریخ میرے دستخط اور مہر عدالت سے جاری ہوا۔ بعدالت جناب سینئر سول جج صاحب مقدمہ عنوان بالا میں مسئول علیہ کی تعمیل بذریعہ اشتہار اخبار کروائی جاتی ہے کہ وہ بتاریخ مقررہ اصالتاً یا وکالتاً حاضر عدالت ہو کر پیروی مقدمہ کریں بصورت دیگر کارروائی یکطرفہ عمل میں لائی جائے گی۔ آج بتاریخ میرے دستخط اور مہر عدالت سے جاری ہوا۔ بعدالت جناب سینئر سول جج صاحب مقدمہ عنوان بالا میں مسئول علیہ کی تعمیل بذریعہ اشتہار اخبار کروائی جاتی ہے کہ وہ بتاریخ مقررہ اصالتاً یا وکالتاً حاضر عدالت ہو کر پیروی مقدمہ کریں بصورت دیگر کارروائی یکطرفہ عمل میں لائی جائے گی۔ آج بتاریخ میرے دستخط اور مہر عدالت سے جاری ہوا۔ بعدالت جناب سینئر سول جج صاحب مقدمہ عنوان بالا میں مسئول علیہ کی تعمیل بذریعہ اشتہار اخبار کروائی جاتی ہے کہ وہ بتاریخ مقررہ اصالتاً یا وکالتاً حاضر عدالت ہو کر پیروی مقدمہ کریں بصورت دیگر کارروائی یکطرفہ عمل میں لائی جائے گی۔ آج بتاریخ میرے دستخط اور مہر عدالت سے جاری ہوا۔ بعدالت جناب سینئر سول جج صاحب مقدمہ عنوان بالا میں مسئول علیہ کی تعمیل بذریعہ اشتہار اخبار کروائی جاتی ہے کہ وہ بتاریخ مقررہ اصالتاً یا وکالتاً حاضر عدالت ہو کر پیروی مقدمہ کریں بصورت دیگر کارروائی یکطرفہ عمل میں لائی جائے گی۔ آج بتاریخ میرے دستخط اور مہر عدالت سے جاری ہوا۔
23بعدالت جناب سینئر سول جج صاحب مقدمہ عنوان بالا میں مسئول علیہ کی تعمیل بذریعہ اشتہار اخبار کروائی جاتی ہے کہ وہ بتاریخ مقررہ اصالتاً یا وکالتاً حاضر عدالت ہو کر پیروی مقدمہ کریں بصورت دیگر کارروائی یکطرفہ عمل میں لائی جائے گی۔ آج بتاریخ میرے دستخط اور مہر عدالت سے جاری ہوا۔ بعدالت جناب سینئر سول جج صاحب مقدمہ عنوان بالا میں مسئول علیہ کی تعمیل بذریعہ اشتہار اخبار کروائی جاتی ہے کہ وہ بتاریخ مقررہ اصالتاً یا وکالتاً حاضر عدالت ہو کر پیروی مقدمہ کریں بصورت دیگر کارروائی یکطرفہ عمل میں لائی جائے گی۔ آج بتاریخ میرے دستخط اور مہر عدالت سے جاری ہوا۔ بعدالت جناب سینئر سول جج صاحب مقدمہ عنوان بالا میں مسئول علیہ کی تعمیل بذریعہ اشتہار اخبار کروائی جاتی ہے کہ وہ بتاریخ مقررہ اصالتاً یا وکالتاً حاضر عدالت ہو کر پیروی مقدمہ کریں بصورت دیگر کارروائی یکطرفہ عمل میں لائی جائے گی۔ آج بتاریخ میرے دستخط اور مہر عدالت سے جاری ہوا۔ بعدالت جناب سینئر سول جج صاحب مقدمہ عنوان بالا میں مسئول علیہ کی تعمیل بذریعہ اشتہار اخبار کروائی جاتی ہے کہ وہ بتاریخ مقررہ اصالتاً یا وکالتاً حاضر عدالت ہو کر پیروی مقدمہ کریں بصورت دیگر کارروائی یکطرفہ عمل میں لائی جائے گی۔ آج بتاریخ میرے دستخط اور مہر عدالت سے جاری ہوا۔ بعدالت جناب سینئر سول جج صاحب مقدمہ عنوان بالا میں مسئول علیہ کی تعمیل بذریعہ اشتہار اخبار کروائی جاتی ہے کہ وہ بتاریخ مقررہ اصالتاً یا وکالتاً حاضر عدالت ہو کر پیروی مقدمہ کریں بصورت دیگر کارروائی یکطرفہ عمل میں لائی جائے گی۔ آج بتاریخ میرے دستخط اور مہر عدالت سے جاری ہوا۔
24بعدالت جناب سینئر سول جج صاحب مقدمہ عنوان بالا میں مسئول علیہ کی تعمیل بذریعہ اشتہار اخبار کروائی جاتی ہے کہ وہ بتاریخ مقررہ اصالتاً یا وکالتاً حاضر عدالت ہو کر پیروی مقدمہ کریں بصورت دیگر کارروائی یکطرفہ عمل میں لائی جائے گی۔ آج بتاریخ میرے دستخط اور مہر عدالت سے جاری ہوا۔ بعدالت جناب سینئر سول جج صاحب مقدمہ عنوان بالا میں مسئول علیہ کی تعمیل بذریعہ اشتہار اخبار کروائی جاتی ہے کہ وہ بتاریخ مقررہ اصالتاً یا وکالتاً حاضر عدالت ہو کر پیروی مقدمہ کریں بصورت دیگر کارروائی یکطرفہ عمل میں لائی جائے گی۔ آج بتاریخ میرے دستخط اور مہر عدالت سے جاری ہوا۔ بعدالت جناب سینئر سول جج صاحب مقدمہ عنوان بالا میں مسئول علیہ کی تعمیل بذریعہ اشتہار اخبار کروائی جاتی ہے کہ وہ بتاریخ مقررہ اصالتاً یا وکالتاً حاضر عدالت ہو کر پیروی مقدمہ کریں بصورت دیگر کارروائی یکطرفہ عمل میں لائی جائے گی۔ آج بتاریخ میرے دستخط اور مہر عدالت سے جاری ہوا۔ بعدالت جناب سینئر سول جج صاحب مقدمہ عنوان بالا میں مسئول علیہ کی تعمیل بذریعہ اشتہار اخبار کروائی جاتی ہے کہ وہ بتاریخ مقررہ اصالتاً یا وکالتاً حاضر عدالت ہو کر پیروی مقدمہ کریں بصورت دیگر کارروائی یکطرفہ عمل میں لائی جائے گی۔ آج بتاریخ میرے دستخط اور مہر عدالت سے جاری ہوا۔ بعدالت جناب سینئر سول جج صاحب مقدمہ عنوان بالا میں مسئول علیہ کی تعمیل بذریعہ اشتہار اخبار کروائی جاتی ہے کہ وہ بتاریخ مقررہ اصالتاً یا وکالتاً حاضر عدالت ہو کر پیروی مقدمہ کریں بصورت دیگر کارروائی یکطرفہ عمل میں لائی جائے گی۔ آج بتاریخ میرے دستخط اور مہر عدالت سے جاری ہوا۔
25بعدالت جناب سینئر سول جج صاحب مقدمہ عنوان بالا میں مسئول علیہ کی تعمیل بذریعہ اشتہار اخبار کروائی جاتی ہے کہ وہ بتاریخ مقررہ اصالتاً یا وکالتاً حاضر عدالت ہو کر پیروی مقدمہ کریں بصورت دیگر کارروائی یکطرفہ عمل میں لائی جائے گی۔ آج بتاریخ میرے دستخط اور مہر عدالت سے جاری ہوا۔ بعدالت جناب سینئر سول جج صاحب مقدمہ عنوان بالا میں مسئول علیہ کی تعمیل بذریعہ اشتہار اخبار کروائی جاتی ہے کہ وہ بتاریخ مقررہ اصالتاً یا وکالتاً حاضر عدالت ہو کر پیروی مقدمہ کریں بصورت دیگر کارروائی یکطرفہ عمل میں لائی جائے گی۔ آج بتاریخ میرے دستخط اور مہر عدالت سے جاری ہوا۔ بعدالت جناب سینئر سول جج صاحب مقدمہ عنوان بالا میں مسئول علیہ کی تعمیل بذریعہ اشتہار اخبار کروائی جاتی ہے کہ وہ بتاریخ مقررہ اصالتاً یا وکالتاً حاضر عدالت ہو کر پیروی مقدمہ کریں بصورت دیگر کارروائی یکطرفہ عمل میں لائی جائے گی۔ آج بتاریخ میرے دستخط اور مہر عدالت سے جاری ہوا۔ بعدالت جناب سینئر سول جج صاحب مقدمہ عنوان بالا میں مسئول علیہ کی تعمیل بذریعہ اشتہار اخبار کروائی جاتی ہے کہ وہ بتاریخ مقررہ اصالتاً یا وکالتاً حاضر عدالت ہو کر پیروی مقدمہ کریں بصورت دیگر کارروائی یکطرفہ عمل میں لائی جائے گی۔ آج بتاریخ میرے دستخط اور مہر عدالت سے جاری ہوا۔ بعدالت جناب سینئر سول جج صاحب مقدمہ عنوان بالا میں مسئول علیہ کی تعمیل بذریعہ اشتہار اخبار کروائی جاتی ہے کہ وہ بتاریخ مقررہ اصالتاً یا وکالتاً حاضر عدالت ہو کر پیروی مقدمہ کریں بصورت دیگر کارروائی یکطرفہ عمل میں لائی جائے گی۔ آج بتاریخ میرے دستخط اور مہر عدالت سے جاری ہوا۔ بعدالت جناب سینئر سول جج صاحب مقدمہ عنوان بالا میں مسئول علیہ کی تعمیل بذریعہ اشتہار اخبار کروائی جاتی ہے کہ وہ بتاریخ مقررہ اصالتاً یا وکالتاً حاضر عدالت ہو کر پیروی مقدمہ کریں بصورت دیگر کارروائی یکطرفہ عمل میں لائی جائے گی۔ آج بتاریخ میرے دستخط اور مہر عدالت سے جاری ہوا۔
26بعدالت جناب سینئر سول جج صاحب مقدمہ عنوان بالا میں مسئول علیہ کی تعمیل بذریعہ اشتہار اخبار کروائی جاتی ہے کہ وہ بتاریخ مقررہ اصالتاً یا وکالتاً حاضر عدالت ہو کر پیروی مقدمہ کریں بصورت دیگر کارروائی یکطرفہ عمل میں لائی جائے گی۔ آج بتاریخ میرے دستخط اور مہر عدالت سے جاری ہوا۔ بعدالت جناب سینئر سول جج صاحب مقدمہ عنوان بالا میں مسئول علیہ کی تعمیل بذریعہ اشتہار اخبار کروائی جاتی ہے کہ وہ بتاریخ مقررہ اصالتاً یا وکالتاً حاضر عدالت ہو کر پیروی مقدمہ کریں بصورت دیگر کارروائی یکطرفہ عمل میں لائی جائے گی۔ آج بتاریخ میرے دستخط اور مہر عدالت سے جاری ہوا۔ بعدالت جناب سینئر سول جج صاحب مقدمہ عنوان بالا میں مسئول علیہ کی تعمیل بذریعہ اشتہار اخبار کروائی جاتی ہے کہ وہ بتاریخ مقررہ اصالتاً یا وکالتاً حاضر عدالت ہو کر پیروی مقدمہ کریں بصورت دیگر کارروائی یکطرفہ عمل میں لائی جائے گی۔ آج بتاریخ میرے دستخط اور مہر عدالت سے جاری ہوا۔ بعدالت جناب سینئر سول جج صاحب مقدمہ عنوان بالا میں مسئول علیہ کی تعمیل بذریعہ اشتہار اخبار کروائی جاتی ہے کہ وہ بتاریخ مقررہ اصالتاً یا وکالتاً حاضر عدالت ہو کر پیروی مقدمہ کریں بصورت دیگر کارروائی یکطرفہ عمل میں لائی جائے گی۔ آج بتاریخ میرے دستخط اور مہر عدالت سے جاری ہوا۔ بعدالت جناب سینئر سول جج صاحب مقدمہ عنوان بالا میں مسئول علیہ کی تعمیل بذریعہ اشتہار اخبار کروائی جاتی ہے کہ وہ بتاریخ مقررہ اصالتاً یا وکالتاً حاضر عدالت ہو کر پیروی مقدمہ کریں بصورت دیگر کارروائی یکطرفہ عمل میں لائی جائے گی۔ آج بتاریخ میرے دستخط اور مہر عدالت سے جاری ہوا۔
27بعدالت جناب سینئر سول جج صاحب مقدمہ عنوان بالا میں مسئول علیہ کی تعمیل بذریعہ اشتہار اخبار کروائی جاتی ہے کہ وہ بتاریخ مقررہ اصالتاً یا وکالتاً حاضر عدالت ہو کر پیروی مقدمہ کریں بصورت دیگر کارروائی یکطرفہ عمل میں لائی جائے گی۔ آج بتاریخ میرے دستخط اور مہر عدالت سے جاری ہوا۔ بعدالت جناب سینئر سول جج صاحب مقدمہ عنوان بالا میں مسئول علیہ کی تعمیل بذریعہ اشتہار اخبار کروائی جاتی ہے کہ وہ بتاریخ مقررہ اصالتاً یا وکالتاً حاضر عدالت ہو کر پیروی مقدمہ کریں بصورت دیگر کارروائی یکطرفہ عمل میں لائی جائے گی۔ آج بتاریخ میرے دستخط اور مہر عدالت سے جاری ہوا۔ بعدالت جناب سینئر سول جج صاحب مقدمہ عنوان بالا میں مسئول علیہ کی تعمیل بذریعہ اشتہار اخبار کروائی جاتی ہے کہ وہ بتاریخ مقررہ اصالتاً یا وکالتاً حاضر عدالت ہو کر پیروی مقدمہ کریں بصورت دیگر کارروائی یکطرفہ عمل میں لائی جائے گی۔ آج بتاریخ میرے دستخط اور مہر عدالت سے جاری ہوا۔ بعدالت جناب سینئر سول جج صاحب مقدمہ عنوان بالا میں مسئول علیہ کی تعمیل بذریعہ اشتہار اخبار کروائی جاتی ہے کہ وہ بتاریخ مقررہ اصالتاً یا وکالتاً حاضر عدالت ہو کر پیروی مقدمہ کریں بصورت دیگر کارروائی یکطرفہ عمل میں لائی جائے گی۔ آج بتاریخ میرے دستخط اور مہر عدالت سے جاری ہوا۔ بعدالت جناب سینئر سول جج صاحب مقدمہ عنوان بالا میں مسئول علیہ کی تعمیل بذریعہ اشتہار اخبار کروائی جاتی ہے کہ وہ بتاریخ مقررہ اصالتاً یا وکالتاً حاضر عدالت ہو کر پیروی مقدمہ کریں بصورت دیگر کارروائی یکطرفہ عمل میں لائی جائے گی۔ آج بتاریخ میرے دستخط اور مہر عدالت سے جاری ہوا۔ بعدالت جناب سینئر سول جج صاحب مقدمہ عنوان بالا میں مسئول علیہ کی تعمیل بذریعہ اشتہار اخبار کروائی جاتی ہے کہ وہ بتاریخ مقررہ اصالتاً یا وکالتاً حاضر عدالت ہو کر پیروی مقدمہ کریں بصورت دیگر کارروائی یکطرفہ عمل میں لائی جائے گی۔ آج بتاریخ میرے دستخط اور مہر عدالت سے جاری ہوا۔
28بعدالت جناب سینئر سول جج صاحب مقدمہ عنوان بالا میں مسئول علیہ کی تعمیل بذریعہ اشتہار اخبار کروائی جاتی ہے کہ وہ بتاریخ مقررہ اصالتاً یا وکالتاً حاضر عدالت ہو کر پیروی مقدمہ کریں بصورت دیگر کارروائی یکطرفہ عمل میں لائی جائے گی۔ آج بتاریخ میرے دستخط اور مہر عدالت سے جاری ہوا۔ بعدالت جناب سینئر سول جج صاحب مقدمہ عنوان بالا میں مسئول علیہ کی تعمیل بذریعہ اشتہار اخبار کروائی جاتی ہے کہ وہ بتاریخ مقررہ اصالتاً یا وکالتاً حاضر عدالت ہو کر پیروی مقدمہ کریں بصورت دیگر کارروائی یکطرفہ عمل میں لائی جائے گی۔ آج بتاریخ میرے دستخط اور مہر عدالت سے جاری ہوا۔ بعدالت جناب سینئر سول جج صاحب مقدمہ عنوان بالا میں مسئول علیہ کی تعمیل بذریعہ اشتہار اخبار کروائی جاتی ہے کہ وہ بتاریخ مقررہ اصالتاً یا وکالتاً حاضر عدالت ہو کر پیروی مقدمہ کریں بصورت دیگر کارروائی یکطرفہ عمل میں لائی جائے گی۔ آج بتاریخ میرے دستخط اور مہر عدالت سے جاری ہوا۔ بعدالت جناب سینئر سول جج صاحب مقدمہ عنوان بالا میں مسئول علیہ کی تعمیل بذریعہ اشتہار اخبار کروائی جاتی ہے کہ وہ بتاریخ مقررہ اصالتاً یا وکالتاً حاضر عدالت ہو کر پیروی مقدمہ کریں بصورت دیگر کارروائی یکطرفہ عمل میں لائی جائے گی۔ آج بتاریخ میرے دستخط اور مہر عدالت سے جاری ہوا۔ بعدالت جناب سینئر سول جج صاحب مقدمہ عنوان بالا میں مسئول علیہ کی تعمیل بذریعہ اشتہار اخبار کروائی جاتی ہے کہ وہ بتاریخ مقررہ اصالتاً یا وکالتاً حاضر عدالت ہو کر پیروی مقدمہ کریں بصورت دیگر کارروائی یکطرفہ عمل میں لائی جائے گی۔ آج بتاریخ میرے دستخط اور مہر عدالت سے جاری ہوا۔
29بعدالت جناب سینئر سول جج صاحب مقدمہ عنوان بالا میں مسئول علیہ کی تعمیل بذریعہ اشتہار اخبار کروائی جاتی ہے کہ وہ بتاریخ مقررہ اصالتاً یا وکالتاً حاضر عدالت ہو کر پیروی مقدمہ کریں بصورت دیگر کارروائی یکطرفہ عمل میں لائی جائے گی۔ آج بتاریخ میرے دستخط اور مہر عدالت سے جاری ہوا۔ بعدالت جناب سینئر سول جج صاحب مقدمہ عنوان بالا میں مسئول علیہ کی تعمیل بذریعہ اشتہار اخبار کروائی جاتی ہے کہ وہ بتاریخ مقررہ اصالتاً یا وکالتاً حاضر عدالت ہو کر پیروی مقدمہ کریں بصورت دیگر کارروائی یکطرفہ عمل میں لائی جائے گی۔ آج بتاریخ میرے دستخط اور مہر عدالت سے جاری ہوا۔ بعدالت جناب سینئر سول جج صاحب مقدمہ عنوان بالا میں مسئول علیہ کی تعمیل بذریعہ اشتہار اخبار کروائی جاتی ہے کہ وہ بتاریخ مقررہ اصالتاً یا وکالتاً حاضر عدالت ہو کر پیروی مقدمہ کریں بصورت دیگر کارروائی یکطرفہ عمل میں لائی جائے گی۔ آج بتاریخ میرے دستخط اور مہر عدالت سے جاری ہوا۔ بعدالت جناب سینئر سول جج صاحب مقدمہ عنوان بالا میں مسئول علیہ کی تعمیل بذریعہ اشتہار اخبار کروائی جاتی ہے کہ وہ بتاریخ مقررہ اصالتاً یا وکالتاً حاضر عدالت ہو کر پیروی مقدمہ کریں بصورت دیگر کارروائی یکطرفہ عمل میں لائی جائے گی۔ آج بتاریخ میرے دستخط اور مہر عدالت سے جاری ہوا۔ بعدالت جناب سینئر سول جج صاحب مقدمہ عنوان بالا میں مسئول علیہ کی تعمیل بذریعہ اشتہار اخبار کروائی جاتی ہے کہ وہ بتاریخ مقررہ اصالتاً یا وکالتاً حاضر عدالت ہو کر پیروی مقدمہ کریں بصورت دیگر کارروائی یکطرفہ عمل میں لائی جائے گی۔ آج بتاریخ میرے دستخط اور مہر عدالت سے جاری ہوا۔
30بعدالت جناب سینئر سول جج صاحب مقدمہ عنوان بالا میں مسئول علیہ کی تعمیل بذریعہ اشتہار اخبار کروائی جاتی ہے کہ وہ بتاریخ مقررہ اصالتاً یا وکالتاً حاضر عدالت ہو کر پیروی مقدمہ کریں بصورت دیگر کارروائی یکطرفہ عمل میں لائی جائے گی۔ آج بتاریخ میرے دستخط اور مہر عدالت سے جاری ہوا۔ بعدالت جناب سینئر سول جج صاحب مقدمہ عنوان بالا میں مسئول علیہ کی تعمیل بذریعہ اشتہار اخبار کروائی جاتی ہے کہ وہ بتاریخ مقررہ اصالتاً یا وکالتاً حاضر عدالت ہو کر پیروی مقدمہ کریں بصورت دیگر کارروائی یکطرفہ عمل میں لائی جائے گی۔ آج بتاریخ میرے دستخط اور مہر عدالت سے جاری ہوا۔ بعدالت جناب سینئر سول جج صاحب مقدمہ عنوان بالا میں مسئول علیہ کی تعمیل بذریعہ اشتہار اخبار کروائی جاتی ہے کہ وہ بتاریخ مقررہ اصالتاً یا وکالتاً حاضر عدالت ہو کر پیروی مقدمہ کریں بصورت دیگر کارروائی یکطرفہ عمل میں لائی جائے گی۔ آج بتاریخ میرے دستخط اور مہر عدالت سے جاری ہوا۔ بعدالت جناب سینئر سول جج صاحب مقدمہ عنوان بالا میں مسئول علیہ کی تعمیل بذریعہ اشتہار اخبار کروائی جاتی ہے کہ وہ بتاریخ مقررہ اصالتاً یا وکالتاً حاضر عدالت ہو کر پیروی مقدمہ کریں بصورت دیگر کارروائی یکطرفہ عمل میں لائی جائے گی۔ آج بتاریخ میرے دستخط اور مہر عدالت سے جاری ہوا۔ بعدالت جناب سینئر سول جج صاحب مقدمہ عنوان بالا میں مسئول علیہ کی تعمیل بذریعہ اشتہار اخبار کروائی جاتی ہے کہ وہ بتاریخ مقررہ اصالتاً یا وکالتاً حاضر عدالت ہو کر پیروی مقدمہ کریں بصورت دیگر کارروائی یکطرفہ عمل میں لائی جائے گی۔ آج بتاریخ میرے دستخط اور مہر عدالت سے جاری ہوا۔
31بعدالت جناب سینئر سول جج صاحب مقدمہ عنوان بالا میں مسئول علیہ کی تعمیل بذریعہ اشتہار اخبار کروائی جاتی ہے کہ وہ بتاریخ مقررہ اصالتاً یا وکالتاً حاضر عدالت ہو کر پیروی مقدمہ کریں بصورت دیگر کارروائی یکطرفہ عمل میں لائی جائے گی۔ آج بتاریخ میرے دستخط اور مہر عدالت سے جاری ہوا۔ بعدالت جناب سینئر سول جج صاحب مقدمہ عنوان بالا میں مسئول علیہ کی تعمیل بذریعہ اشتہار اخبار کروائی جاتی ہے کہ وہ بتاریخ مقررہ اصالتاً یا وکالتاً حاضر عدالت ہو کر پیروی مقدمہ کریں بصورت دیگر کارروائی یکطرفہ عمل میں لائی جائے گی۔ آج بتاریخ میرے دستخط اور مہر عدالت سے جاری ہوا۔ بعدالت جناب سینئر سول جج صاحب مقدمہ عنوان بالا میں مسئول علیہ کی تعمیل بذریعہ اشتہار اخبار کروائی جاتی ہے کہ وہ بتاریخ مقررہ اصالتاً یا وکالتاً حاضر عدالت ہو کر پیروی مقدمہ کریں بصورت دیگر کارروائی یکطرفہ عمل میں لائی جائے گی۔ آج بتاریخ میرے دستخط اور مہر عدالت سے جاری ہوا۔ بعدالت جناب سینئر سول جج صاحب مقدمہ عنوان بالا میں مسئول علیہ کی تعمیل بذریعہ اشتہار اخبار کروائی جاتی ہے کہ وہ بتاریخ مقررہ اصالتاً یا وکالتاً حاضر عدالت ہو کر پیروی مقدمہ کریں بصورت دیگر کارروائی یکطرفہ عمل میں لائی جائے گی۔ آج بتاریخ میرے دستخط اور مہر عدالت سے جاری ہوا۔ بعدالت جناب سینئر سول جج صاحب مقدمہ عنوان بالا میں مسئول علیہ کی تعمیل بذریعہ اشتہار اخبار کروائی جاتی ہے کہ وہ بتاریخ مقررہ اصالتاً یا وکالتاً حاضر عدالت ہو کر پیروی مقدمہ کریں بصورت دیگر کارروائی یکطرفہ عمل میں لائی جائے گی۔ آج بتاریخ میرے دستخط اور مہر عدالت سے جاری ہوا۔ بعدالت جناب سینئر سول جج صاحب مقدمہ عنوان بالا میں مسئول علیہ کی تعمیل بذریعہ اشتہار اخبار کروائی جاتی ہے کہ وہ بتاریخ مقررہ اصالتاً یا وکالتاً حاضر عدالت ہو کر پیروی مقدمہ کریں بصورت دیگر کارروائی یکطرفہ عمل میں لائی جائے گی۔ آج بتاریخ میرے دستخط اور مہر عدالت سے جاری ہوا۔
32بعدالت جناب سینئر سول جج صاحب مقدمہ عنوان بالا میں مسئول علیہ کی تعمیل بذریعہ اشتہار اخبار کروائی جاتی ہے کہ وہ بتاریخ مقررہ اصالتاً یا وکالتاً حاضر عدالت ہو کر پیروی مقدمہ کریں بصورت دیگر کارروائی یکطرفہ عمل میں لائی جائے گی۔ آج بتاریخ میرے دستخط اور مہر عدالت سے جاری ہوا۔ بعدالت جناب سینئر سول جج صاحب مقدمہ عنوان بالا میں مسئول علیہ کی تعمیل بذریعہ اشتہار اخبار کروائی جاتی ہے کہ وہ بتاریخ مقررہ اصالتاً یا وکالتاً حاضر عدالت ہو کر پیروی مقدمہ کریں بصورت دیگر کارروائی یکطرفہ عمل میں لائی جائے گی۔ آج بتاریخ میرے دستخط اور مہر عدالت سے جاری ہوا۔ بعدالت جناب سینئر سول جج صاحب مقدمہ عنوان بالا میں مسئول علیہ کی تعمیل بذریعہ اشتہار اخبار کروائی جاتی ہے کہ وہ بتاریخ مقررہ اصالتاً یا وکالتاً حاضر عدالت ہو کر پیروی مقدمہ کریں بصورت دیگر کارروائی یکطرفہ عمل میں لائی جائے گی۔ آج بتاریخ میرے دستخط اور مہر عدالت سے جاری ہوا۔ بعدالت جناب سینئر سول جج صاحب مقدمہ عنوان بالا میں مسئول علیہ کی تعمیل بذریعہ اشتہار اخبار کروائی جاتی ہے کہ وہ بتاریخ مقررہ اصالتاً یا وکالتاً حاضر عدالت ہو کر پیروی مقدمہ کریں بصورت دیگر کارروائی یکطرفہ عمل میں لائی جائے گی۔ آج بتاریخ میرے دستخط اور مہر عدالت سے جاری ہوا۔ بعدالت جناب سینئر سول جج صاحب مقدمہ عنوان بالا میں مسئول علیہ کی تعمیل بذریعہ اشتہار اخبار کروائی جاتی ہے کہ وہ بتاریخ مقررہ اصالتاً یا وکالتاً حاضر عدالت ہو کر پیروی مقدمہ کریں بصورت دیگر کارروائی یکطرفہ عمل میں لائی جائے گی۔ آج بتاریخ میرے دستخط اور مہر عدالت سے جاری ہوا۔
33بعدالت جناب سینئر سول جج صاحب مقدمہ عنوان بالا میں مسئول علیہ کی تعمیل بذریعہ اشتہار اخبار کروائی جاتی ہے کہ وہ بتاریخ مقررہ اصالتاً یا وکالتاً حاضر عدالت ہو کر پیروی مقدمہ کریں بصورت دیگر کارروائی یکطرفہ عمل میں لائی جائے گی۔ آج بتاریخ میرے دستخط اور مہر عدالت سے جاری ہوا۔ بعدالت جناب سینئر سول جج صاحب مقدمہ عنوان بالا میں مسئول علیہ کی تعمیل بذریعہ اشتہار اخبار کروائی جاتی ہے کہ وہ بتاریخ مقررہ اصالتاً یا وکالتاً حاضر عدالت ہو کر پیروی مقدمہ کریں بصورت دیگر کارروائی یکطرفہ عمل میں لائی جائے گی۔ آج بتاریخ میرے دستخط اور مہر عدالت سے جاری ہوا۔ بعدالت جناب سینئر سول جج صاحب مقدمہ عنوان بالا میں مسئول علیہ کی تعمیل بذریعہ اشتہار اخبار کروائی جاتی ہے کہ وہ بتاریخ مقررہ اصالتاً یا وکالتاً حاضر عدالت ہو کر پیروی مقدمہ کریں بصورت دیگر کارروائی یکطرفہ عمل میں لائی جائے گی۔ آج بتاریخ میرے دستخط اور مہر عدالت سے جاری ہوا۔ بعدالت جناب سینئر سول جج صاحب مقدمہ عنوان بالا میں مسئول علیہ کی تعمیل بذریعہ اشتہار اخبار کروائی جاتی ہے کہ وہ بتاریخ مقررہ اصالتاً یا وکالتاً حاضر عدالت ہو کر پیروی مقدمہ کریں بصورت دیگر کارروائی یکطرفہ عمل میں لائی جائے گی۔ آج بتاریخ میرے دستخط اور مہر عدالت سے جاری ہوا۔ بعدالت جناب سینئر سول جج صاحب مقدمہ عنوان بالا میں مسئول علیہ کی تعمیل بذریعہ اشتہار اخبار کروائی جاتی ہے کہ وہ بتاریخ مقررہ اصالتاً یا وکالتاً حاضر عدالت ہو کر پیروی مقدمہ کریں بصورت دیگر کارروائی یکطرفہ عمل میں لائی جائے گی۔ آج بتاریخ میرے دستخط اور مہر عدالت سے جاری ہوا۔
34بعدالت جناب سینئر سول جج صاحب مقدمہ عنوان بالا میں مسئول علیہ کی تعمیل بذریعہ اشتہار اخبار کروائی جاتی ہے کہ وہ بتاریخ مقررہ اصالتاً یا وکالتاً حاضر عدالت ہو کر پیروی مقدمہ کریں بصورت دیگر کارروائی یکطرفہ عمل میں لائی جائے گی۔ آج بتاریخ میرے دستخط اور مہر عدالت سے جاری ہوا۔ بعدالت جناب سینئر سول جج صاحب مقدمہ عنوان بالا میں مسئول علیہ کی تعمیل بذریعہ اشتہار اخبار کروائی جاتی ہے کہ وہ بتاریخ مقررہ اصالتاً یا وکالتاً حاضر عدالت ہو کر پیروی مقدمہ کریں بصورت دیگر کارروائی یکطرفہ عمل میں لائی جائے گی۔ آج بتاریخ میرے دستخط اور مہر عدالت سے جاری ہوا۔ بعدالت جناب سینئر سول جج صاحب مقدمہ عنوان بالا میں مسئول علیہ کی تعمیل بذریعہ اشتہار اخبار کروائی جاتی ہے کہ وہ بتاریخ مقررہ اصالتاً یا وکالتاً حاضر عدالت ہو کر پیروی مقدمہ کریں بصورت دیگر کارروائی یکطرفہ عمل میں لائی جائے گی۔ آج بتاریخ میرے دستخط اور مہر عدالت سے جاری ہوا۔ بعدالت جناب سینئر سول جج صاحب مقدمہ عنوان بالا میں مسئول علیہ کی تعمیل بذریعہ اشتہار اخبار کروائی جاتی ہے کہ وہ بتاریخ مقررہ اصالتاً یا وکالتاً حاضر عدالت ہو کر پیروی مقدمہ کریں بصورت دیگر کارروائی یکطرفہ عمل میں لائی جائے گی۔ آج بتاریخ میرے دستخط اور مہر عدالت سے جاری ہوا۔ بعدالت جناب سینئر سول جج صاحب مقدمہ عنوان بالا میں مسئول علیہ کی تعمیل بذریعہ اشتہار اخبار کروائی جاتی ہے کہ وہ بتاریخ مقررہ اصالتاً یا وکالتاً حاضر عدالت ہو کر پیروی مقدمہ کریں بصورت دیگر کارروائی یکطرفہ عمل میں لائی جائے گی۔ آج بتاریخ میرے دستخط اور مہر عدالت سے جاری ہوا۔ بعدالت جناب سینئر سول جج صاحب مقدمہ عنوان بالا میں مسئول علیہ کی تعمیل بذریعہ اشتہار اخبار کروائی جاتی ہے کہ وہ بتاریخ مقررہ اصالتاً یا وکالتاً حاضر عدالت ہو کر پیروی مقدمہ کریں بصورت دیگر کارروائی یکطرفہ عمل میں لائی جائے گی۔ آج بتاریخ میرے دستخط اور مہر عدالت سے جاری ہوا۔
35بعدالت جناب سینئر سول جج صاحب مقدمہ عنوان بالا میں مسئول علیہ کی تعمیل بذریعہ اشتہار اخبار کروائی جاتی ہے کہ وہ بتاریخ مقررہ اصالتاً یا وکالتاً حاضر عدالت ہو کر پیروی مقدمہ کریں بصورت دیگر کارروائی یکطرفہ عمل میں لائی جائے گی۔ آج بتاریخ میرے دستخط اور مہر عدالت سے جاری ہوا۔ بعدالت جناب سینئر سول جج صاحب مقدمہ عنوان بالا میں مسئول علیہ کی تعمیل بذریعہ اشتہار اخبار کروائی جاتی ہے کہ وہ بتاریخ مقررہ اصالتاً یا وکالتاً حاضر عدالت ہو کر پیروی مقدمہ کریں بصورت دیگر کارروائی یکطرفہ عمل میں لائی جائے گی۔ آج بتاریخ میرے دستخط اور مہر عدالت سے جاری ہوا۔ بعدالت جناب سینئر سول جج صاحب مقدمہ عنوان بالا میں مسئول علیہ کی تعمیل بذریعہ اشتہار اخبار کروائی جاتی ہے کہ وہ بتاریخ مقررہ اصالتاً یا وکالتاً حاضر عدالت ہو کر پیروی مقدمہ کریں بصورت دیگر کارروائی یکطرفہ عمل میں لائی جائے گی۔ آج بتاریخ میرے دستخط اور مہر عدالت سے جاری ہوا۔ بعدالت جناب سینئر سول جج صاحب مقدمہ عنوان بالا میں مسئول علیہ کی تعمیل بذریعہ اشتہار اخبار کروائی جاتی ہے کہ وہ بتاریخ مقررہ اصالتاً یا وکالتاً حاضر عدالت ہو کر پیروی مقدمہ کریں بصورت دیگر کارروائی یکطرفہ عمل میں لائی جائے گی۔ آج بتاریخ میرے دستخط اور مہر عدالت سے جاری ہوا۔ بعدالت جناب سینئر سول جج صاحب مقدمہ عنوان بالا میں مسئول علیہ کی تعمیل بذریعہ اشتہار اخبار کروائی جاتی ہے کہ وہ بتاریخ مقررہ اصالتاً یا وکالتاً حاضر عدالت ہو کر پیروی مقدمہ کریں بصورت دیگر کارروائی یکطرفہ عمل میں لائی جائے گی۔ آج بتاریخ میرے دستخط اور مہر عدالت سے جاری ہوا۔
36بعدالت جناب سینئر سول جج صاحب مقدمہ عنوان بالا میں مسئول علیہ کی تعمیل بذریعہ اشتہار اخبار کروائی جاتی ہے کہ وہ بتاریخ مقررہ اصالتاً یا وکالتاً حاضر عدالت ہو کر پیروی مقدمہ کریں بصورت دیگر کارروائی یکطرفہ عمل میں لائی جائے گی۔ آج بتاریخ میرے دستخط اور مہر عدالت سے جاری ہوا۔ بعدالت جناب سینئر سول جج صاحب مقدمہ عنوان بالا میں مسئول علیہ کی تعمیل بذریعہ اشتہار اخبار کروائی جاتی ہے کہ وہ بتاریخ مقررہ اصالتاً یا وکالتاً حاضر عدالت ہو کر پیروی مقدمہ کریں بصورت دیگر کارروائی یکطرفہ عمل میں لائی جائے گی۔ آج بتاریخ میرے دستخط اور مہر عدالت سے جاری ہوا۔ بعدالت جناب سینئر سول جج صاحب مقدمہ عنوان بالا میں مسئول علیہ کی تعمیل بذریعہ اشتہار اخبار کروائی جاتی ہے کہ وہ بتاریخ مقررہ اصالتاً یا وکالتاً حاضر عدالت ہو کر پیروی مقدمہ کریں بصورت دیگر کارروائی یکطرفہ عمل میں لائی جائے گی۔ آج بتاریخ میرے دستخط اور مہر عدالت سے جاری ہوا۔ بعدالت جناب سینئر سول جج صاحب مقدمہ عنوان بالا میں مسئول علیہ کی تعمیل بذریعہ اشتہار اخبار کروائی جاتی ہے کہ وہ بتاریخ مقررہ اصالتاً یا وکالتاً حاضر عدالت ہو کر پیروی مقدمہ کریں بصورت دیگر کارروائی یکطرفہ عمل میں لائی جائے گی۔ آج بتاریخ میرے دستخط اور مہر عدالت سے جاری ہوا۔ بعدالت جناب سینئر سول جج صاحب مقدمہ عنوان بالا میں مسئول علیہ کی تعمیل بذریعہ اشتہار اخبار کروائی جاتی ہے کہ وہ بتاریخ مقررہ اصالتاً یا وکالتاً حاضر عدالت ہو کر پیروی مقدمہ کریں بصورت دیگر کارروائی یکطرفہ عمل میں لائی جائے گی۔ آج بتاریخ میرے دستخط اور مہر عدالت سے جاری ہوا۔
37بعدالت جناب سینئر سول جج صاحب مقدمہ عنوان بالا میں مسئول علیہ کی تعمیل بذریعہ اشتہار اخبار کروائی جاتی ہے کہ وہ بتاریخ مقررہ اصالتاً یا وکالتاً حاضر عدالت ہو کر پیروی مقدمہ کریں بصورت دیگر کارروائی یکطرفہ عمل میں لائی جائے گی۔ آج بتاریخ میرے دستخط اور مہر عدالت سے جاری ہوا۔ بعدالت جناب سینئر سول جج صاحب مقدمہ عنوان بالا میں مسئول علیہ کی تعمیل بذریعہ اشتہار اخبار کروائی جاتی ہے کہ وہ بتاریخ مقررہ اصالتاً یا وکالتاً حاضر عدالت ہو کر پیروی مقدمہ کریں بصورت دیگر کارروائی یکطرفہ عمل میں لائی جائے گی۔ آج بتاریخ میرے دستخط اور مہر عدالت سے جاری ہوا۔ بعدالت جناب سینئر سول جج صاحب مقدمہ عنوان بالا میں مسئول علیہ کی تعمیل بذریعہ اشتہار اخبار کروائی جاتی ہے کہ وہ بتاریخ مقررہ اصالتاً یا وکالتاً حاضر عدالت ہو کر پیروی مقدمہ کریں بصورت دیگر کارروائی یکطرفہ عمل میں لائی جائے گی۔ آج بتاریخ میرے دستخط اور مہر عدالت سے جاری ہوا۔ بعدالت جناب سینئر سول جج صاحب مقدمہ عنوان بالا میں مسئول علیہ کی تعمیل بذریعہ اشتہار اخبار کروائی جاتی ہے کہ وہ بتاریخ مقررہ اصالتاً یا وکالتاً حاضر عدالت ہو کر پیروی مقدمہ کریں بصورت دیگر کارروائی یکطرفہ عمل میں لائی جائے گی۔ آج بتاریخ میرے دستخط اور مہر عدالت سے جاری ہوا۔ بعدالت جناب سینئر سول جج صاحب مقدمہ عنوان بالا میں مسئول علیہ کی تعمیل بذریعہ اشتہار اخبار کروائی جاتی ہے کہ وہ بتاریخ مقررہ اصالتاً یا وکالتاً حاضر عدالت ہو کر پیروی مقدمہ کریں بصورت دیگر کارروائی یکطرفہ عمل میں لائی جائے گی۔ آج بتاریخ میرے دستخط اور مہر عدالت سے جاری ہوا۔ بعدالت جناب سینئر سول جج صاحب مقدمہ عنوان بالا میں مسئول علیہ کی تعمیل بذریعہ اشتہار اخبار کروائی جاتی ہے کہ وہ بتاریخ مقررہ اصالتاً یا وکالتاً حاضر عدالت ہو کر پیروی مقدمہ کریں بصورت دیگر کارروائی یکطرفہ عمل میں لائی جائے گی۔ آج بتاریخ میرے دستخط اور مہر عدالت سے جاری ہوا۔
38بعدالت جناب سینئر سول جج صاحب مقدمہ عنوان بالا میں مسئول علیہ کی تعمیل بذریعہ اشتہار اخبار کروائی جاتی ہے کہ وہ بتاریخ مقررہ اصالتاً یا وکالتاً حاضر عدالت ہو کر پیروی مقدمہ کریں بصورت دیگر کارروائی یکطرفہ عمل میں لائی جائے گی۔ آج بتاریخ میرے دستخط اور مہر عدالت سے جاری ہوا۔ بعدالت جناب سینئر سول جج صاحب مقدمہ عنوان بالا میں مسئول علیہ کی تعمیل بذریعہ اشتہار اخبار کروائی جاتی ہے کہ وہ بتاریخ مقررہ اصالتاً یا وکالتاً حاضر عدالت ہو کر پیروی مقدمہ کریں بصورت دیگر کارروائی یکطرفہ عمل میں لائی جائے گی۔ آج بتاریخ میرے دستخط اور مہر عدالت سے جاری ہوا۔ بعدالت جناب سینئر سول جج صاحب مقدمہ عنوان بالا میں مسئول علیہ کی تعمیل بذریعہ اشتہار اخبار کروائی جاتی ہے کہ وہ بتاریخ مقررہ اصالتاً یا وکالتاً حاضر عدالت ہو کر پیروی مقدمہ کریں بصورت دیگر کارروائی یکطرفہ عمل میں لائی جائے گی۔ آج بتاریخ میرے دستخط اور مہر عدالت سے جاری ہوا۔ بعدالت جناب سینئر سول جج صاحب مقدمہ عنوان بالا میں مسئول علیہ کی تعمیل بذریعہ اشتہار اخبار کروائی جاتی ہے کہ وہ بتاریخ مقررہ اصالتاً یا وکالتاً حاضر عدالت ہو کر پیروی مقدمہ کریں بصورت دیگر کارروائی یکطرفہ عمل میں لائی جائے گی۔ آج بتاریخ میرے دستخط اور مہر عدالت سے جاری ہوا۔ بعدالت جناب سینئر سول جج صاحب مقدمہ عنوان بالا میں مسئول علیہ کی تعمیل بذریعہ اشتہار اخبار کروائی جاتی ہے کہ وہ بتاریخ مقررہ اصالتاً یا وکالتاً حاضر عدالت ہو کر پیروی مقدمہ کریں بصورت دیگر کارروائی یکطرفہ عمل میں لائی جائے گی۔ آج بتاریخ میرے دستخط اور مہر عدالت سے جاری ہوا۔
39بعدالت جناب سینئر سول جج صاحب مقدمہ عنوان بالا میں مسئول علیہ کی تعمیل بذریعہ اشتہار اخبار کروائی جاتی ہے کہ وہ بتاریخ مقررہ اصالتاً یا وکالتاً حاضر عدالت ہو کر پیروی مقدمہ کریں بصورت دیگر کارروائی یکطرفہ عمل میں لائی جائے گی۔ آج بتاریخ میرے دستخط اور مہر عدالت سے جاری ہوا۔ بعدالت جناب سینئر سول جج صاحب مقدمہ عنوان بالا میں مسئول علیہ کی تعمیل بذریعہ اشتہار اخبار کروائی جاتی ہے کہ وہ بتاریخ مقررہ اصالتاً یا وکالتاً حاضر عدالت ہو کر پیروی مقدمہ کریں بصورت دیگر کارروائی یکطرفہ عمل میں لائی جائے گی۔ آج بتاریخ میرے دستخط اور مہر عدالت سے جاری ہوا۔ بعدالت جناب سینئر سول جج صاحب مقدمہ عنوان بالا میں مسئول علیہ کی تعمیل بذریعہ اشتہار اخبار کروائی جاتی ہے کہ وہ بتاریخ مقررہ اصالتاً یا وکالتاً حاضر عدالت ہو کر پیروی مقدمہ کریں بصورت دیگر کارروائی یکطرفہ عمل میں لائی جائے گی۔ آج بتاریخ میرے دستخط اور مہر عدالت سے جاری ہوا۔ بعدالت جناب سینئر سول جج صاحب مقدمہ عنوان بالا میں مسئول علیہ کی تعمیل بذریعہ اشتہار اخبار کروائی جاتی ہے کہ وہ بتاریخ مقررہ اصالتاً یا وکالتاً حاضر عدالت ہو کر پیروی مقدمہ کریں بصورت دیگر کارروائی یکطرفہ عمل میں لائی جائے گی۔ آج بتاریخ میرے دستخط اور مہر عدالت سے جاری ہوا۔ بعدالت جناب سینئر سول جج صاحب مقدمہ عنوان بالا میں مسئول علیہ کی تعمیل بذریعہ اشتہار اخبار کروائی جاتی ہے کہ وہ بتاریخ مقررہ اصالتاً یا وکالتاً حاضر عدالت ہو کر پیروی مقدمہ کریں بصورت دیگر کارروائی یکطرفہ عمل میں لائی جائے گی۔ آج بتاریخ میرے دستخط اور مہر عدالت سے جاری ہوا۔
40بعدالت جناب سینئر سول جج صاحب مقدمہ عنوان بالا میں مسئول علیہ کی تعمیل بذریعہ اشتہار اخبار کروائی جاتی ہے کہ وہ بتاریخ مقررہ اصالتاً یا وکالتاً حاضر عدالت ہو کر پیروی مقدمہ کریں بصورت دیگر کارروائی یکطرفہ عمل میں لائی جائے گی۔ آج بتاریخ میرے دستخط اور مہر عدالت سے جاری ہوا۔ بعدالت جناب سینئر سول جج صاحب مقدمہ عنوان بالا میں مسئول علیہ کی تعمیل بذریعہ اشتہار اخبار کروائی جاتی ہے کہ وہ بتاریخ مقررہ اصالتاً یا وکالتاً حاضر عدالت ہو کر پیروی مقدمہ کریں بصورت دیگر کارروائی یکطرفہ عمل میں لائی جائے گی۔ آج بتاریخ میرے دستخط اور مہر عدالت سے جاری ہوا۔ بعدالت جناب سینئر سول جج صاحب مقدمہ عنوان بالا میں مسئول علیہ کی تعمیل بذریعہ اشتہار اخبار کروائی جاتی ہے کہ وہ بتاریخ مقررہ اصالتاً یا وکالتاً حاضر عدالت ہو کر پیروی مقدمہ کریں بصورت دیگر کارروائی یکطرفہ عمل میں لائی جائے گی۔ آج بتاریخ میرے دستخط اور مہر عدالت سے جاری ہوا۔ بعدالت جناب سینئر سول جج صاحب مقدمہ عنوان بالا میں مسئول علیہ کی تعمیل بذریعہ اشتہار اخبار کروائی جاتی ہے کہ وہ بتاریخ مقررہ اصالتاً یا وکالتاً حاضر عدالت ہو کر پیروی مقدمہ کریں بصورت دیگر کارروائی یکطرفہ عمل میں لائی جائے گی۔ آج بتاریخ میرے دستخط اور مہر عدالت سے جاری ہوا۔ بعدالت جناب سینئر سول جج صاحب مقدمہ عنوان بالا میں مسئول علیہ کی تعمیل بذریعہ اشتہار اخبار کروائی جاتی ہے کہ وہ بتاریخ مقررہ اصالتاً یا وکالتاً حاضر عدالت ہو کر پیروی مقدمہ کریں بصورت دیگر کارروائی یکطرفہ عمل میں لائی جائے گی۔ آج بتاریخ میرے دستخط اور مہر عدالت سے جاری ہوا۔ بعدالت جناب سینئر سول جج صاحب مقدمہ عنوان بالا میں مسئول علیہ کی تعمیل بذریعہ اشتہار اخبار کروائی جاتی ہے کہ وہ بتاریخ مقررہ اصالتاً یا وکالتاً حاضر عدالت ہو کر پیروی مقدمہ کریں بصورت دیگر کارروائی یکطرفہ عمل میں لائی جائے گی۔ آج بتاریخ میرے دستخط اور مہر عدالت سے جاری ہوا۔
41بعدالت جناب سینئر سول جج صاحب مقدمہ عنوان بالا میں مسئول علیہ کی تعمیل بذریعہ اشتہار اخبار کروائی جاتی ہے کہ وہ بتاریخ مقررہ اصالتاً یا وکالتاً حاضر عدالت ہو کر پیروی مقدمہ کریں بصورت دیگر کارروائی یکطرفہ عمل میں لائی جائے گی۔ آج بتاریخ میرے دستخط اور مہر عدالت سے جاری ہوا۔ بعدالت جناب سینئر سول جج صاحب مقدمہ عنوان بالا میں مسئول علیہ کی تعمیل بذریعہ اشتہار اخبار کروائی جاتی ہے کہ وہ بتاریخ مقررہ اصالتاً یا وکالتاً حاضر عدالت ہو کر پیروی مقدمہ کریں بصورت دیگر کارروائی یکطرفہ عمل میں لائی جائے گی۔ آج بتاریخ میرے دستخط اور مہر عدالت سے جاری ہوا۔ بعدالت جناب سینئر سول جج صاحب مقدمہ عنوان بالا میں مسئول علیہ کی تعمیل بذریعہ اشتہار اخبار کروائی جاتی ہے کہ وہ بتاریخ مقررہ اصالتاً یا وکالتاً حاضر عدالت ہو کر پیروی مقدمہ کریں بصورت دیگر کارروائی یکطرفہ عمل میں لائی جائے گی۔ آج بتاریخ میرے دستخط اور مہر عدالت سے جاری ہوا۔ بعدالت جناب سینئر سول جج صاحب مقدمہ عنوان بالا میں مسئول علیہ کی تعمیل بذریعہ اشتہار اخبار کروائی جاتی ہے کہ وہ بتاریخ مقررہ اصالتاً یا وکالتاً حاضر عدالت ہو کر پیروی مقدمہ کریں بصورت دیگر کارروائی یکطرفہ عمل میں لائی جائے گی۔ آج بتاریخ میرے دستخط اور مہر عدالت سے جاری ہوا۔ بعدالت جناب سینئر سول جج صاحب مقدمہ عنوان بالا میں مسئول علیہ کی تعمیل بذریعہ اشتہار اخبار کروائی جاتی ہے کہ وہ بتاریخ مقررہ اصالتاً یا وکالتاً حاضر عدالت ہو کر پیروی مقدمہ کریں بصورت دیگر کارروائی یکطرفہ عمل میں لائی جائے گی۔ آج بتاریخ میرے دستخط اور مہر عدالت سے جاری ہوا۔
42بعدالت جناب سینئر سول جج صاحب مقدمہ عنوان بالا میں مسئول علیہ کی تعمیل بذریعہ اشتہار اخبار کروائی جاتی ہے کہ وہ بتاریخ مقررہ اصالتاً یا وکالتاً حاضر عدالت ہو کر پیروی مقدمہ کریں بصورت دیگر کارروائی یکطرفہ عمل میں لائی جائے گی۔ آج بتاریخ میرے دستخط اور مہر عدالت سے جاری ہوا۔ بعدالت جناب سینئر سول جج صاحب مقدمہ عنوان بالا میں مسئول علیہ کی تعمیل بذریعہ اشتہار اخبار کروائی جاتی ہے کہ وہ بتاریخ مقررہ اصالتاً یا وکالتاً حاضر عدالت ہو کر پیروی مقدمہ کریں بصورت دیگر کارروائی یکطرفہ عمل میں لائی جائے گی۔ آج بتاریخ میرے دستخط اور مہر عدالت سے جاری ہوا۔ بعدالت جناب سینئر سول جج صاحب مقدمہ عنوان بالا میں مسئول علیہ کی تعمیل بذریعہ اشتہار اخبار کروائی جاتی ہے کہ وہ بتاریخ مقررہ اصالتاً یا وکالتاً حاضر عدالت ہو کر پیروی مقدمہ کریں بصورت دیگر کارروائی یکطرفہ عمل میں لائی جائے گی۔ آج بتاریخ میرے دستخط اور مہر عدالت سے جاری ہوا۔ بعدالت جناب سینئر سول جج صاحب مقدمہ عنوان بالا میں مسئول علیہ کی تعمیل بذریعہ اشتہار اخبار کروائی جاتی ہے کہ وہ بتاریخ مقررہ اصالتاً یا وکالتاً حاضر عدالت ہو کر پیروی مقدمہ کریں بصورت دیگر کارروائی یکطرفہ عمل میں لائی جائے گی۔ آج بتاریخ میرے دستخط اور مہر عدالت سے جاری ہوا۔ بعدالت جناب سینئر سول جج صاحب مقدمہ عنوان بالا میں مسئول علیہ کی تعمیل بذریعہ اشتہار اخبار کروائی جاتی ہے کہ وہ بتاریخ مقررہ اصالتاً یا وکالتاً حاضر عدالت ہو کر پیروی مقدمہ کریں بصورت دیگر کارروائی یکطرفہ عمل میں لائی جائے گی۔ آج بتاریخ میرے دستخط اور مہر عدالت سے جاری ہوا۔
43بعدالت جناب سینئر سول جج صاحب مقدمہ عنوان بالا میں مسئول علیہ کی تعمیل بذریعہ اشتہار اخبار کروائی جاتی ہے کہ وہ بتاریخ مقررہ اصالتاً یا وکالتاً حاضر عدالت ہو کر پیروی مقدمہ کریں بصورت دیگر کارروائی یکطرفہ عمل میں لائی جائے گی۔ آج بتاریخ میرے دستخط اور مہر عدالت سے جاری ہوا۔ بعدالت جناب سینئر سول جج صاحب مقدمہ عنوان بالا میں مسئول علیہ کی تعمیل بذریعہ اشتہار اخبار کروائی جاتی ہے کہ وہ بتاریخ مقررہ اصالتاً یا وکالتاً حاضر عدالت ہو کر پیروی مقدمہ کریں بصورت دیگر کارروائی یکطرفہ عمل میں لائی جائے گی۔ آج بتاریخ میرے دستخط اور مہر عدالت سے جاری ہوا۔ بعدالت جناب سینئر سول جج صاحب مقدمہ عنوان بالا میں مسئول علیہ کی تعمیل بذریعہ اشتہار اخبار کروائی جاتی ہے کہ وہ بتاریخ مقررہ اصالتاً یا وکالتاً حاضر عدالت ہو کر پیروی مقدمہ کریں بصورت دیگر کارروائی یکطرفہ عمل میں لائی جائے گی۔ آج بتاریخ میرے دستخط اور مہر عدالت سے جاری ہوا۔ بعدالت جناب سینئر سول جج صاحب مقدمہ عنوان بالا میں مسئول علیہ کی تعمیل بذریعہ اشتہار اخبار کروائی جاتی ہے کہ وہ بتاریخ مقررہ اصالتاً یا وکالتاً حاضر عدالت ہو کر پیروی مقدمہ کریں بصورت دیگر کارروائی یکطرفہ عمل میں لائی جائے گی۔ آج بتاریخ میرے دستخط اور مہر عدالت سے جاری ہوا۔ بعدالت جناب سینئر سول جج صاحب مقدمہ عنوان بالا میں مسئول علیہ کی تعمیل بذریعہ اشتہار اخبار کروائی جاتی ہے کہ وہ بتاریخ مقررہ اصالتاً یا وکالتاً حاضر عدالت ہو کر پیروی مقدمہ کریں بصورت دیگر کارروائی یکطرفہ عمل میں لائی جائے گی۔ آج بتاریخ میرے دستخط اور مہر عدالت سے جاری ہوا۔ بعدالت جناب سینئر سول جج صاحب مقدمہ عنوان بالا میں مسئول علیہ کی تعمیل بذریعہ اشتہار اخبار کروائی جاتی ہے کہ وہ بتاریخ مقررہ اصالتاً یا وکالتاً حاضر عدالت ہو کر پیروی مقدمہ کریں بصورت دیگر کارروائی یکطرفہ عمل میں لائی جائے گی۔ آج بتاریخ میرے دستخط اور مہر عدالت سے جاری ہوا۔
44بعدالت جناب سینئر سول جج صاحب مقدمہ عنوان بالا میں مسئول علیہ کی تعمیل بذریعہ اشتہار اخبار کروائی جاتی ہے کہ وہ بتاریخ مقررہ اصالتاً یا وکالتاً حاضر عدالت ہو کر پیروی مقدمہ کریں بصورت دیگر کارروائی یکطرفہ عمل میں لائی جائے گی۔ آج بتاریخ میرے دستخط اور مہر عدالت سے جاری ہوا۔ بعدالت جناب سینئر سول جج صاحب مقدمہ عنوان بالا میں مسئول علیہ کی تعمیل بذریعہ اشتہار اخبار کروائی جاتی ہے کہ وہ بتاریخ مقررہ اصالتاً یا وکالتاً حاضر عدالت ہو کر پیروی مقدمہ کریں بصورت دیگر کارروائی یکطرفہ عمل میں لائی جائے گی۔ آج بتاریخ میرے دستخط اور مہر عدالت سے جاری ہوا۔ بعدالت جناب سینئر سول جج صاحب مقدمہ عنوان بالا میں مسئول علیہ کی تعمیل بذریعہ اشتہار اخبار کروائی جاتی ہے کہ وہ بتاریخ مقررہ اصالتاً یا وکالتاً حاضر عدالت ہو کر پیروی مقدمہ کریں بصورت دیگر کارروائی یکطرفہ عمل میں لائی جائے گی۔ آج بتاریخ میرے دستخط اور مہر عدالت سے جاری ہوا۔ بعدالت جناب سینئر سول جج صاحب مقدمہ عنوان بالا میں مسئول علیہ کی تعمیل بذریعہ اشتہار اخبار کروائی جاتی ہے کہ وہ بتاریخ مقررہ اصالتاً یا وکالتاً حاضر عدالت ہو کر پیروی مقدمہ کریں بصورت دیگر کارروائی یکطرفہ عمل میں لائی جائے گی۔ آج بتاریخ میرے دستخط اور مہر عدالت سے جاری ہوا۔ بعدالت جناب سینئر سول جج صاحب مقدمہ عنوان بالا میں مسئول علیہ کی تعمیل بذریعہ اشتہار اخبار کروائی جاتی ہے کہ وہ بتاریخ مقررہ اصالتاً یا وکالتاً حاضر عدالت ہو کر پیروی مقدمہ کریں بصورت دیگر کارروائی یکطرفہ عمل میں لائی جائے گی۔ آج بتاریخ میرے دستخط اور مہر عدالت سے جاری ہوا۔
45بعدالت جناب سینئر سول جج صاحب مقدمہ عنوان بالا میں مسئول علیہ کی تعمیل بذریعہ اشتہار اخبار کروائی جاتی ہے کہ وہ بتاریخ مقررہ اصالتاً یا وکالتاً حاضر عدالت ہو کر پیروی مقدمہ کریں بصورت دیگر کارروائی یکطرفہ عمل میں لائی جائے گی۔ آج بتاریخ میرے دستخط اور مہر عدالت سے جاری ہوا۔ بعدالت جناب سینئر سول جج صاحب مقدمہ عنوان بالا میں مسئول علیہ کی تعمیل بذریعہ اشتہار اخبار کروائی جاتی ہے کہ وہ بتاریخ مقررہ اصالتاً یا وکالتاً حاضر عدالت ہو کر پیروی مقدمہ کریں بصورت دیگر کارروائی یکطرفہ عمل میں لائی جائے گی۔ آج بتاریخ میرے دستخط اور مہر عدالت سے جاری ہوا۔ بعدالت جناب سینئر سول جج صاحب مقدمہ عنوان بالا میں مسئول علیہ کی تعمیل بذریعہ اشتہار اخبار کروائی جاتی ہے کہ وہ بتاریخ مقررہ اصالتاً یا وکالتاً حاضر عدالت ہو کر پیروی مقدمہ کریں بصورت دیگر کارروائی یکطرفہ عمل میں لائی جائے گی۔ آج بتاریخ میرے دستخط اور مہر عدالت سے جاری ہوا۔ بعدالت جناب سینئر سول جج صاحب مقدمہ عنوان بالا میں مسئول علیہ کی تعمیل بذریعہ اشتہار اخبار کروائی جاتی ہے کہ وہ بتاریخ مقررہ اصالتاً یا وکالتاً حاضر عدالت ہو کر پیروی مقدمہ کریں بصورت دیگر کارروائی یکطرفہ عمل میں لائی جائے گی۔ آج بتاریخ میرے دستخط اور مہر عدالت سے جاری ہوا۔ بعدالت جناب سینئر سول جج صاحب مقدمہ عنوان بالا میں مسئول علیہ کی تعمیل بذریعہ اشتہار اخبار کروائی جاتی ہے کہ وہ بتاریخ مقررہ اصالتاً یا وکالتاً حاضر عدالت ہو کر پیروی مقدمہ کریں بصورت دیگر کارروائی یکطرفہ عمل میں لائی جائے گی۔ آج بتاریخ میرے دستخط اور مہر عدالت سے جاری ہوا۔
46بعدالت جناب سینئر سول جج صاحب مقدمہ عنوان بالا میں مسئول علیہ کی تعمیل بذریعہ اشتہار اخبار کروائی جاتی ہے کہ وہ بتاریخ مقررہ اصالتاً یا وکالتاً حاضر عدالت ہو کر پیروی مقدمہ کریں بصورت دیگر کارروائی یکطرفہ عمل میں لائی جائے گی۔ آج بتاریخ میرے دستخط اور مہر عدالت سے جاری ہوا۔ بعدالت جناب سینئر سول جج صاحب مقدمہ عنوان بالا میں مسئول علیہ کی تعمیل بذریعہ اشتہار اخبار کروائی جاتی ہے کہ وہ بتاریخ مقررہ اصالتاً یا وکالتاً حاضر عدالت ہو کر پیروی مقدمہ کریں بصورت دیگر کارروائی یکطرفہ عمل میں لائی جائے گی۔ آج بتاریخ میرے دستخط اور مہر عدالت سے جاری ہوا۔ بعدالت جناب سینئر سول جج صاحب مقدمہ عنوان بالا میں مسئول علیہ کی تعمیل بذریعہ اشتہار اخبار کروائی جاتی ہے کہ وہ بتاریخ مقررہ اصالتاً یا وکالتاً حاضر عدالت ہو کر پیروی مقدمہ کریں بصورت دیگر کارروائی یکطرفہ عمل میں لائی جائے گی۔ آج بتاریخ میرے دستخط اور مہر عدالت سے جاری ہوا۔ بعدالت جناب سینئر سول جج صاحب مقدمہ عنوان بالا میں مسئول علیہ کی تعمیل بذریعہ اشتہار اخبار کروائی جاتی ہے کہ وہ بتاریخ مقررہ اصالتاً یا وکالتاً حاضر عدالت ہو کر پیروی مقدمہ کریں بصورت دیگر کارروائی یکطرفہ عمل میں لائی جائے گی۔ آج بتاریخ میرے دستخط اور مہر عدالت سے جاری ہوا۔ بعدالت جناب سینئر سول جج صاحب مقدمہ عنوان بالا میں مسئول علیہ کی تعمیل بذریعہ اشتہار اخبار کروائی جاتی ہے کہ وہ بتاریخ مقررہ اصالتاً یا وکالتاً حاضر عدالت ہو کر پیروی مقدمہ کریں بصورت دیگر کارروائی یکطرفہ عمل میں لائی جائے گی۔ آج بتاریخ میرے دستخط اور مہر عدالت سے جاری ہوا۔
47بعدالت جناب سینئر سول جج صاحب مقدمہ عنوان بالا میں مسئول علیہ کی تعمیل بذریعہ اشتہار اخبار کروائی جاتی ہے کہ وہ بتاریخ مقررہ اصالتاً یا وکالتاً حاضر عدالت ہو کر پیروی مقدمہ کریں بصورت دیگر کارروائی یکطرفہ عمل میں لائی جائے گی۔ آج بتاریخ میرے دستخط اور مہر عدالت سے جاری ہوا۔ بعدالت جناب سینئر سول جج صاحب مقدمہ عنوان بالا میں مسئول علیہ کی تعمیل بذریعہ اشتہار اخبار کروائی جاتی ہے کہ وہ بتاریخ مقررہ اصالتاً یا وکالتاً حاضر عدالت ہو کر پیروی مقدمہ کریں بصورت دیگر کارروائی یکطرفہ عمل میں لائی جائے گی۔ آج بتاریخ میرے دستخط اور مہر عدالت سے جاری ہوا۔ بعدالت جناب سینئر سول جج صاحب مقدمہ عنوان بالا میں مسئول علیہ کی تعمیل بذریعہ اشتہار اخبار کروائی جاتی ہے کہ وہ بتاریخ مقررہ اصالتاً یا وکالتاً حاضر عدالت ہو کر پیروی مقدمہ کریں بصورت دیگر کارروائی یکطرفہ عمل میں لائی جائے گی۔ آج بتاریخ میرے دستخط اور مہر عدالت سے جاری ہوا۔ بعدالت جناب سینئر سول جج صاحب مقدمہ عنوان بالا میں مسئول علیہ کی تعمیل بذریعہ اشتہار اخبار کروائی جاتی ہے کہ وہ بتاریخ مقررہ اصالتاً یا وکالتاً حاضر عدالت ہو کر پیروی مقدمہ کریں بصورت دیگر کارروائی یکطرفہ عمل میں لائی جائے گی۔ آج بتاریخ میرے دستخط اور مہر عدالت سے جاری ہوا۔ بعدالت جناب سینئر سول جج صاحب مقدمہ عنوان بالا میں مسئول علیہ کی تعمیل بذریعہ اشتہار اخبار کروائی جاتی ہے کہ وہ بتاریخ مقررہ اصالتاً یا وکالتاً حاضر عدالت ہو کر پیروی مقدمہ کریں بصورت دیگر کارروائی یکطرفہ عمل میں لائی جائے گی۔ آج بتاریخ میرے دستخط اور مہر عدالت سے جاری ہوا۔ بعدالت جناب سینئر سول جج صاحب مقدمہ عنوان بالا میں مسئول علیہ کی تعمیل بذریعہ اشتہار اخبار کروائی جاتی ہے کہ وہ بتاریخ مقررہ اصالتاً یا وکالتاً حاضر عدالت ہو کر پیروی مقدمہ کریں بصورت دیگر کارروائی یکطرفہ عمل میں لائی جائے گی۔ آج بتاریخ میرے دستخط اور مہر عدالت سے جاری ہوا۔
48بعدالت جناب سینئر سول جج صاحب مقدمہ عنوان بالا میں مسئول علیہ کی تعمیل بذریعہ اشتہار اخبار کروائی جاتی ہے کہ وہ بتاریخ مقررہ اصالتاً یا وکالتاً حاضر عدالت ہو کر پیروی مقدمہ کریں بصورت دیگر کارروائی یکطرفہ عمل میں لائی جائے گی۔ آج بتاریخ میرے دستخط اور مہر عدالت سے جاری ہوا۔ بعدالت جناب سینئر سول جج صاحب مقدمہ عنوان بالا میں مسئول علیہ کی تعمیل بذریعہ اشتہار اخبار کروائی جاتی ہے کہ وہ بتاریخ مقررہ اصالتاً یا وکالتاً حاضر عدالت ہو کر پیروی مقدمہ کریں بصورت دیگر کارروائی یکطرفہ عمل میں لائی جائے گی۔ آج بتاریخ میرے دستخط اور مہر عدالت سے جاری ہوا۔ بعدالت جناب سینئر سول جج صاحب مقدمہ عنوان بالا میں مسئول علیہ کی تعمیل بذریعہ اشتہار اخبار کروائی جاتی ہے کہ وہ بتاریخ مقررہ اصالتاً یا وکالتاً حاضر عدالت ہو کر پیروی مقدمہ کریں بصورت دیگر کارروائی یکطرفہ عمل میں لائی جائے گی۔ آج بتاریخ میرے دستخط اور مہر عدالت سے جاری ہوا۔ بعدالت جناب سینئر سول جج صاحب مقدمہ عنوان بالا میں مسئول علیہ کی تعمیل بذریعہ اشتہار اخبار کروائی جاتی ہے کہ وہ بتاریخ مقررہ اصالتاً یا وکالتاً حاضر عدالت ہو کر پیروی مقدمہ کریں بصورت دیگر کارروائی یکطرفہ عمل میں لائی جائے گی۔ آج بتاریخ میرے دستخط اور مہر عدالت سے جاری ہوا۔ بعدالت جناب سینئر سول جج صاحب مقدمہ عنوان بالا میں مسئول علیہ کی تعمیل بذریعہ اشتہار اخبار کروائی جاتی ہے کہ وہ بتاریخ مقررہ اصالتاً یا وکالتاً حاضر عدالت ہو کر پیروی مقدمہ کریں بصورت دیگر کارروائی یکطرفہ عمل میں لائی جائے گی۔ آج بتاریخ میرے دستخط اور مہر عدالت سے جاری ہوا۔
49بعدالت جناب سینئر سول جج صاحب مقدمہ عنوان بالا میں مسئول علیہ کی تعمیل بذریعہ اشتہار اخبار کروائی جاتی ہے کہ وہ بتاریخ مقررہ اصالتاً یا وکالتاً حاضر عدالت ہو کر پیروی مقدمہ کریں بصورت دیگر کارروائی یکطرفہ عمل میں لائی جائے گی۔ آج بتاریخ میرے دستخط اور مہر عدالت سے جاری ہوا۔ بعدالت جناب سینئر سول جج صاحب مقدمہ عنوان بالا میں مسئول علیہ کی تعمیل بذریعہ اشتہار اخبار کروائی جاتی ہے کہ وہ بتاریخ مقررہ اصالتاً یا وکالتاً حاضر عدالت ہو کر پیروی مقدمہ کریں بصورت دیگر کارروائی یکطرفہ عمل میں لائی جائے گی۔ آج بتاریخ میرے دستخط اور مہر عدالت سے جاری ہوا۔ بعدالت جناب سینئر سول جج صاحب مقدمہ عنوان بالا میں مسئول علیہ کی تعمیل بذریعہ اشتہار اخبار کروائی جاتی ہے کہ وہ بتاریخ مقررہ اصالتاً یا وکالتاً حاضر عدالت ہو کر پیروی مقدمہ کریں بصورت دیگر کارروائی یکطرفہ عمل میں لائی جائے گی۔ آج بتاریخ میرے دستخط اور مہر عدالت سے جاری ہوا۔ بعدالت جناب سینئر سول جج صاحب مقدمہ عنوان بالا میں مسئول علیہ کی تعمیل بذریعہ اشتہار اخبار کروائی جاتی ہے کہ وہ بتاریخ مقررہ اصالتاً یا وکالتاً حاضر عدالت ہو کر پیروی مقدمہ کریں بصورت دیگر کارروائی یکطرفہ عمل میں لائی جائے گی۔ آج بتاریخ میرے دستخط اور مہر عدالت سے جاری ہوا۔ بعدالت جناب سینئر سول جج صاحب مقدمہ عنوان بالا میں مسئول علیہ کی تعمیل بذریعہ اشتہار اخبار کروائی جاتی ہے کہ وہ بتاریخ مقررہ اصالتاً یا وکالتاً حاضر عدالت ہو کر پیروی مقدمہ کریں بصورت دیگر کارروائی یکطرفہ عمل میں لائی جائے گی۔ آج بتاریخ میرے دستخط اور مہر عدالت سے جاری ہوا۔ بعدالت جناب سینئر سول جج صاحب مقدمہ عنوان بالا میں مسئول علیہ کی تعمیل بذریعہ اشتہار اخبار کروائی جاتی ہے کہ وہ بتاریخ مقررہ اصالتاً یا وکالتاً حاضر عدالت ہو کر پیروی مقدمہ کریں بصورت دیگر کارروائی یکطرفہ عمل میں لائی جائے گی۔ آج بتاریخ میرے دستخط اور مہر عدالت سے جاری ہوا۔ بعدالت جناب سینئر سول جج صاحب مقدمہ عنوان بالا میں مسئول علیہ کی تعمیل بذریعہ اشتہار اخبار کروائی جاتی ہے کہ وہ بتاریخ مقررہ اصالتاً یا وکالتاً حاضر عدالت ہو کر پیروی مقدمہ کریں بصورت دیگر کارروائی یکطرفہ عمل میں لائی جائے گی۔ آج بتاریخ میرے دستخط اور مہر عدالت سے جاری ہوا۔
50بعدالت جناب سینئر سول جج صاحب مقدمہ عنوان بالا میں مسئول علیہ کی تعمیل بذریعہ اشتہار اخبار کروائی جاتی ہے کہ وہ بتاریخ مقررہ اصالتاً یا وکالتاً حاضر عدالت ہو کر پیروی مقدمہ کریں بصورت دیگر کارروائی یکطرفہ عمل میں لائی جائے گی۔ آج بتاریخ میرے دستخط اور مہر عدالت سے جاری ہوا۔ بعدالت جناب سینئر سول جج صاحب مقدمہ عنوان بالا میں مسئول علیہ کی تعمیل بذریعہ اشتہار اخبار کروائی جاتی ہے کہ وہ بتاریخ مقررہ اصالتاً یا وکالتاً حاضر عدالت ہو کر پیروی مقدمہ کریں بصورت دیگر کارروائی یکطرفہ عمل میں لائی جائے گی۔ آج بتاریخ میرے دستخط اور مہر عدالت سے جاری ہوا۔ بعدالت جناب سینئر سول جج صاحب مقدمہ عنوان بالا میں مسئول علیہ کی تعمیل بذریعہ اشتہار اخبار کروائی جاتی ہے کہ وہ بتاریخ مقررہ اصالتاً یا وکالتاً حاضر عدالت ہو کر پیروی مقدمہ کریں بصورت دیگر کارروائی یکطرفہ عمل میں لائی جائے گی۔ آج بتاریخ میرے دستخط اور مہر عدالت سے جاری ہوا۔ بعدالت جناب سینئر سول جج صاحب مقدمہ عنوان بالا میں مسئول علیہ کی تعمیل بذریعہ اشتہار اخبار کروائی جاتی ہے کہ وہ بتاریخ مقررہ اصالتاً یا وکالتاً حاضر عدالت ہو کر پیروی مقدمہ کریں بصورت دیگر کارروائی یکطرفہ عمل میں لائی جائے گی۔ آج بتاریخ میرے دستخط اور مہر عدالت سے جاری ہوا۔ بعدالت جناب سینئر سول جج صاحب مقدمہ عنوان بالا میں مسئول علیہ کی تعمیل بذریعہ اشتہار اخبار کروائی جاتی ہے کہ وہ بتاریخ مقررہ اصالتاً یا وکالتاً حاضر عدالت ہو کر پیروی مقدمہ کریں بصورت دیگر کارروائی یکطرفہ عمل میں لائی جائے گی۔ آج بتاریخ میرے دستخط اور مہر عدالت سے جاری ہوا۔ بعدالت جناب سینئر سول جج صاحب مقدمہ عنوان بالا میں مسئول علیہ کی تعمیل بذریعہ اشتہار اخبار کروائی جاتی ہے کہ وہ بتاریخ مقررہ اصالتاً یا وکالتاً حاضر عدالت ہو کر پیروی مقدمہ کریں بصورت دیگر کارروائی یکطرفہ عمل میں لائی جائے گی۔ آج بتاریخ میرے دستخط اور مہر عدالت سے جاری ہوا۔
51بعدالت جناب سینئر سول جج صاحب مقدمہ عنوان بالا میں مسئول علیہ کی تعمیل بذریعہ اشتہار اخبار کروائی جاتی ہے کہ وہ بتاریخ مقررہ اصالتاً یا وکالتاً حاضر عدالت ہو کر پیروی مقدمہ کریں بصورت دیگر کارروائی یکطرفہ عمل میں لائی جائے گی۔ آج بتاریخ میرے دستخط اور مہر عدالت سے جاری ہوا۔ بعدالت جناب سینئر سول جج صاحب مقدمہ عنوان بالا میں مسئول علیہ کی تعمیل بذریعہ اشتہار اخبار کروائی جاتی ہے کہ وہ بتاریخ مقررہ اصالتاً یا وکالتاً حاضر عدالت ہو کر پیروی مقدمہ کریں بصورت دیگر کارروائی یکطرفہ عمل میں لائی جائے گی۔ آج بتاریخ میرے دستخط اور مہر عدالت سے جاری ہوا۔ بعدالت جناب سینئر سول جج صاحب مقدمہ عنوان بالا میں مسئول علیہ کی تعمیل بذریعہ اشتہار اخبار کروائی جاتی ہے کہ وہ بتاریخ مقررہ اصالتاً یا وکالتاً حاضر عدالت ہو کر پیروی مقدمہ کریں بصورت دیگر کارروائی یکطرفہ عمل میں لائی جائے گی۔ آج بتاریخ میرے دستخط اور مہر عدالت سے جاری ہوا۔ بعدالت جناب سینئر سول جج صاحب مقدمہ عنوان بالا میں مسئول علیہ کی تعمیل بذریعہ اشتہار اخبار کروائی جاتی ہے کہ وہ بتاریخ مقررہ اصالتاً یا وکالتاً حاضر عدالت ہو کر پیروی مقدمہ کریں بصورت دیگر کارروائی یکطرفہ عمل میں لائی جائے گی۔ آج بتاریخ میرے دستخط اور مہر عدالت سے جاری ہوا۔ بعدالت جناب سینئر سول جج صاحب مقدمہ عنوان بالا میں مسئول علیہ کی تعمیل بذریعہ اشتہار اخبار کروائی جاتی ہے کہ وہ بتاریخ مقررہ اصالتاً یا وکالتاً حاضر عدالت ہو کر پیروی مقدمہ کریں بصورت دیگر کارروائی یکطرفہ عمل میں لائی جائے گی۔ آج بتاریخ میرے دستخط اور مہر عدالت سے جاری ہوا۔
52بعدالت جناب سینئر سول جج صاحب مقدمہ عنوان بالا میں مسئول علیہ کی تعمیل بذریعہ اشتہار اخبار کروائی جاتی ہے کہ وہ بتاریخ مقررہ اصالتاً یا وکالتاً حاضر عدالت ہو کر پیروی مقدمہ کریں بصورت دیگر کارروائی یکطرفہ عمل میں لائی جائے گی۔ آج بتاریخ میرے دستخط اور مہر عدالت سے جاری ہوا۔ بعدالت جناب سینئر سول جج صاحب مقدمہ عنوان بالا میں مسئول علیہ کی تعمیل بذریعہ اشتہار اخبار کروائی جاتی ہے کہ وہ بتاریخ مقررہ اصالتاً یا وکالتاً حاضر عدالت ہو کر پیروی مقدمہ کریں بصورت دیگر کارروائی یکطرفہ عمل میں لائی جائے گی۔ آج بتاریخ میرے دستخط اور مہر عدالت سے جاری ہوا۔ بعدالت جناب سینئر سول جج صاحب مقدمہ عنوان بالا میں مسئول علیہ کی تعمیل بذریعہ اشتہار اخبار کروائی جاتی ہے کہ وہ بتاریخ مقررہ اصالتاً یا وکالتاً حاضر عدالت ہو کر پیروی مقدمہ کریں بصورت دیگر کارروائی یکطرفہ عمل میں لائی جائے گی۔ آج بتاریخ میرے دستخط اور مہر عدالت سے جاری ہوا۔ بعدالت جناب سینئر سول جج صاحب مقدمہ عنوان بالا میں مسئول علیہ کی تعمیل بذریعہ اشتہار اخبار کروائی جاتی ہے کہ وہ بتاریخ مقررہ اصالتاً یا وکالتاً حاضر عدالت ہو کر پیروی مقدمہ کریں بصورت دیگر کارروائی یکطرفہ عمل میں لائی جائے گی۔ آج بتاریخ میرے دستخط اور مہر عدالت سے جاری ہوا۔ بعدالت جناب سینئر سول جج صاحب مقدمہ عنوان بالا میں مسئول علیہ کی تعمیل بذریعہ اشتہار اخبار کروائی جاتی ہے کہ وہ بتاریخ مقررہ اصالتاً یا وکالتاً حاضر عدالت ہو کر پیروی مقدمہ کریں بصورت دیگر کارروائی یکطرفہ عمل میں لائی جائے گی۔ آج بتاریخ میرے دستخط اور مہر عدالت سے جاری ہوا۔ بعدالت جناب سینئر سول جج صاحب مقدمہ عنوان بالا میں مسئول علیہ کی تعمیل بذریعہ اشتہار اخبار کروائی جاتی ہے کہ وہ بتاریخ مقررہ اصالتاً یا وکالتاً حاضر عدالت ہو کر پیروی مقدمہ کریں بصورت دیگر کارروائی یکطرفہ عمل میں لائی جائے گی۔ آج بتاریخ میرے دستخط اور مہر عدالت سے جاری ہوا۔
بعدالت جناب تحصیلدار / ڈسٹرکٹ جج
AKK-14-7979 بعدالت جناب سینئر سول جج صاحب مقدمہ عنوان بالا میں مسئول علیہ کی تعمیل بذریعہ اشتہار اخبار کروائی جاتی ہے کہ وہ بتاریخ مقررہ اصالتاً یا وکالتاً حاضر عدالت ہو کر پیروی مقدمہ کریں بصورت دیگر کارروائی یکطرفہ عمل میں لائی جائے گی۔ آج بتاریخ میرے دستخط اور مہر عدالت سے جاری ہوا۔ بعدالت جناب سینئر سول جج صاحب مقدمہ عنوان بالا میں مسئول علیہ کی تعمیل بذریعہ اشتہار اخبار کروائی جاتی ہے کہ وہ بتاریخ مقررہ اصالتاً یا وکالتاً حاضر عدالت ہو کر پیروی مقدمہ کریں بصورت دیگر کارروائی یکطرفہ عمل میں لائی جائے گی۔ آج بتاریخ میرے دستخط اور مہر عدالت سے جاری ہوا۔
رانا حکم تحصیل دار جہلم
K032065 بعدالت جناب سینئر سول جج صاحب مقدمہ عنوان بالا میں مسئول علیہ کی تعمیل بذریعہ اشتہار اخبار کروائی جاتی ہے کہ وہ بتاریخ مقررہ اصالتاً یا وکالتاً حاضر عدالت ہو کر پیروی مقدمہ کریں بصورت دیگر کارروائی یکطرفہ عمل میں لائی جائے گی۔ آج بتاریخ میرے دستخط اور مہر عدالت سے جاری ہوا۔ بعدالت جناب سینئر سول جج صاحب مقدمہ عنوان بالا میں مسئول علیہ کی تعمیل بذریعہ اشتہار اخبار کروائی جاتی ہے کہ وہ بتاریخ مقررہ اصالتاً یا وکالتاً حاضر عدالت ہو کر پیروی مقدمہ کریں بصورت دیگر کارروائی یکطرفہ عمل میں لائی جائے گی۔ آج بتاریخ میرے دستخط اور مہر عدالت سے جاری ہوا۔
بعدالت محترمہ سعدیہ اکرام صاحبہ
ZDA032062 بعدالت جناب سینئر سول جج صاحب مقدمہ عنوان بالا میں مسئول علیہ کی تعمیل بذریعہ اشتہار اخبار کروائی جاتی ہے کہ وہ بتاریخ مقررہ اصالتاً یا وکالتاً حاضر عدالت ہو کر پیروی مقدمہ کریں بصورت دیگر کارروائی یکطرفہ عمل میں لائی جائے گی۔ آج بتاریخ میرے دستخط اور مہر عدالت سے جاری ہوا۔ بعدالت جناب سینئر سول جج صاحب مقدمہ عنوان بالا میں مسئول علیہ کی تعمیل بذریعہ اشتہار اخبار کروائی جاتی ہے کہ وہ بتاریخ مقررہ اصالتاً یا وکالتاً حاضر عدالت ہو کر پیروی مقدمہ کریں بصورت دیگر کارروائی یکطرفہ عمل میں لائی جائے گی۔ آج بتاریخ میرے دستخط اور مہر عدالت سے جاری ہوا۔
سول جج فیملی کورٹ راولپنڈی
0300 5281424 بعدالت جناب سینئر سول جج صاحب مقدمہ عنوان بالا میں مسئول علیہ کی تعمیل بذریعہ اشتہار اخبار کروائی جاتی ہے کہ وہ بتاریخ مقررہ اصالتاً یا وکالتاً حاضر عدالت ہو کر پیروی مقدمہ کریں بصورت دیگر کارروائی یکطرفہ عمل میں لائی جائے گی۔ آج بتاریخ میرے دستخط اور مہر عدالت سے جاری ہوا۔ بعدالت جناب سینئر سول جج صاحب مقدمہ عنوان بالا میں مسئول علیہ کی تعمیل بذریعہ اشتہار اخبار کروائی جاتی ہے کہ وہ بتاریخ مقررہ اصالتاً یا وکالتاً حاضر عدالت ہو کر پیروی مقدمہ کریں بصورت دیگر کارروائی یکطرفہ عمل میں لائی جائے گی۔ آج بتاریخ میرے دستخط اور مہر عدالت سے جاری ہوا۔
بعدالت محترمہ ثناء صاحبہ سول
15910743 بعدالت جناب سینئر سول جج صاحب مقدمہ عنوان بالا میں مسئول علیہ کی تعمیل بذریعہ اشتہار اخبار کروائی جاتی ہے کہ وہ بتاریخ مقررہ اصالتاً یا وکالتاً حاضر عدالت ہو کر پیروی مقدمہ کریں بصورت دیگر کارروائی یکطرفہ عمل میں لائی جائے گی۔ آج بتاریخ میرے دستخط اور مہر عدالت سے جاری ہوا۔ بعدالت جناب سینئر سول جج صاحب مقدمہ عنوان بالا میں مسئول علیہ کی تعمیل بذریعہ اشتہار اخبار کروائی جاتی ہے کہ وہ بتاریخ مقررہ اصالتاً یا وکالتاً حاضر عدالت ہو کر پیروی مقدمہ کریں بصورت دیگر کارروائی یکطرفہ عمل میں لائی جائے گی۔ آج بتاریخ میرے دستخط اور مہر عدالت سے جاری ہوا۔
جج گوجرانوالہ
بعدالت جناب سینئر سول جج صاحب مقدمہ عنوان بالا میں مسئول علیہ کی تعمیل بذریعہ اشتہار اخبار کروائی جاتی ہے کہ وہ بتاریخ مقررہ اصالتاً یا وکالتاً حاضر عدالت ہو کر پیروی مقدمہ کریں بصورت دیگر کارروائی یکطرفہ عمل میں لائی جائے گی۔ آج بتاریخ میرے دستخط اور مہر عدالت سے جاری ہوا۔ بعدالت جناب سینئر سول جج صاحب مقدمہ عنوان بالا میں مسئول علیہ کی تعمیل بذریعہ اشتہار اخبار کروائی جاتی ہے کہ وہ بتاریخ مقررہ اصالتاً یا وکالتاً حاضر عدالت ہو کر پیروی مقدمہ کریں بصورت دیگر کارروائی یکطرفہ عمل میں لائی جائے گی۔ آج بتاریخ میرے دستخط اور مہر عدالت سے جاری ہوا۔
گمشدگی کاغذات
بعدالت جناب سینئر سول جج صاحب مقدمہ عنوان بالا میں مسئول علیہ کی تعمیل بذریعہ اشتہار اخبار کروائی جاتی ہے کہ وہ بتاریخ مقررہ اصالتاً یا وکالتاً حاضر عدالت ہو کر پیروی مقدمہ کریں بصورت دیگر کارروائی یکطرفہ عمل میں لائی جائے گی۔ آج بتاریخ میرے دستخط اور مہر عدالت سے جاری ہوا۔ بعدالت جناب سینئر سول جج صاحب مقدمہ عنوان بالا میں مسئول علیہ کی تعمیل بذریعہ اشتہار اخبار کروائی جاتی ہے کہ وہ بتاریخ مقررہ اصالتاً یا وکالتاً حاضر عدالت ہو کر پیروی مقدمہ کریں بصورت دیگر کارروائی یکطرفہ عمل میں لائی جائے گی۔ آج بتاریخ میرے دستخط اور مہر عدالت سے جاری ہوا۔
بعدالت جناب صاحب
بعدالت جناب سینئر سول جج صاحب مقدمہ عنوان بالا میں مسئول علیہ کی تعمیل بذریعہ اشتہار اخبار کروائی جاتی ہے کہ وہ بتاریخ مقررہ اصالتاً یا وکالتاً حاضر عدالت ہو کر پیروی مقدمہ کریں بصورت دیگر کارروائی یکطرفہ عمل میں لائی جائے گی۔ آج بتاریخ میرے دستخط اور مہر عدالت سے جاری ہوا۔ بعدالت جناب سینئر سول جج صاحب مقدمہ عنوان بالا میں مسئول علیہ کی تعمیل بذریعہ اشتہار اخبار کروائی جاتی ہے کہ وہ بتاریخ مقررہ اصالتاً یا وکالتاً حاضر عدالت ہو کر پیروی مقدمہ کریں بصورت دیگر کارروائی یکطرفہ عمل میں لائی جائے گی۔ آج بتاریخ میرے دستخط اور مہر عدالت سے جاری ہوا۔
تحصیلدار / اسسٹنٹ کمشنر
بعدالت جناب سینئر سول جج صاحب مقدمہ عنوان بالا میں مسئول علیہ کی تعمیل بذریعہ اشتہار اخبار کروائی جاتی ہے کہ وہ بتاریخ مقررہ اصالتاً یا وکالتاً حاضر عدالت ہو کر پیروی مقدمہ کریں بصورت دیگر کارروائی یکطرفہ عمل میں لائی جائے گی۔ آج بتاریخ میرے دستخط اور مہر عدالت سے جاری ہوا۔ بعدالت جناب سینئر سول جج صاحب مقدمہ عنوان بالا میں مسئول علیہ کی تعمیل بذریعہ اشتہار اخبار کروائی جاتی ہے کہ وہ بتاریخ مقررہ اصالتاً یا وکالتاً حاضر عدالت ہو کر پیروی مقدمہ کریں بصورت دیگر کارروائی یکطرفہ عمل میں لائی جائے گی۔ آج بتاریخ میرے دستخط اور مہر عدالت سے جاری ہوا۔
تحصیلدار / اسسٹنٹ کمشنر راولپنڈی
بعدالت جناب سینئر سول جج صاحب مقدمہ عنوان بالا میں مسئول علیہ کی تعمیل بذریعہ اشتہار اخبار کروائی جاتی ہے کہ وہ بتاریخ مقررہ اصالتاً یا وکالتاً حاضر عدالت ہو کر پیروی مقدمہ کریں بصورت دیگر کارروائی یکطرفہ عمل میں لائی جائے گی۔ آج بتاریخ میرے دستخط اور مہر عدالت سے جاری ہوا۔ بعدالت جناب سینئر سول جج صاحب مقدمہ عنوان بالا میں مسئول علیہ کی تعمیل بذریعہ اشتہار اخبار کروائی جاتی ہے کہ وہ بتاریخ مقررہ اصالتاً یا وکالتاً حاضر عدالت ہو کر پیروی مقدمہ کریں بصورت دیگر کارروائی یکطرفہ عمل میں لائی جائے گی۔ آج بتاریخ میرے دستخط اور مہر عدالت سے جاری ہوا۔
جائیدادی کاغذات
بعدالت جناب سینئر سول جج صاحب مقدمہ عنوان بالا میں مسئول علیہ کی تعمیل بذریعہ اشتہار اخبار کروائی جاتی ہے کہ وہ بتاریخ مقررہ اصالتاً یا وکالتاً حاضر عدالت ہو کر پیروی مقدمہ کریں بصورت دیگر کارروائی یکطرفہ عمل میں لائی جائے گی۔ آج بتاریخ میرے دستخط اور مہر عدالت سے جاری ہوا۔ بعدالت جناب سینئر سول جج صاحب مقدمہ عنوان بالا میں مسئول علیہ کی تعمیل بذریعہ اشتہار اخبار کروائی جاتی ہے کہ وہ بتاریخ مقررہ اصالتاً یا وکالتاً حاضر عدالت ہو کر پیروی مقدمہ کریں بصورت دیگر کارروائی یکطرفہ عمل میں لائی جائے گی۔ آج بتاریخ میرے دستخط اور مہر عدالت سے جاری ہوا۔
صاحب جج فیملی کورٹ
بعدالت جناب سینئر سول جج صاحب مقدمہ عنوان بالا میں مسئول علیہ کی تعمیل بذریعہ اشتہار اخبار کروائی جاتی ہے کہ وہ بتاریخ مقررہ اصالتاً یا وکالتاً حاضر عدالت ہو کر پیروی مقدمہ کریں بصورت دیگر کارروائی یکطرفہ عمل میں لائی جائے گی۔ آج بتاریخ میرے دستخط اور مہر عدالت سے جاری ہوا۔ بعدالت جناب سینئر سول جج صاحب مقدمہ عنوان بالا میں مسئول علیہ کی تعمیل بذریعہ اشتہار اخبار کروائی جاتی ہے کہ وہ بتاریخ مقررہ اصالتاً یا وکالتاً حاضر عدالت ہو کر پیروی مقدمہ کریں بصورت دیگر کارروائی یکطرفہ عمل میں لائی جائے گی۔ آج بتاریخ میرے دستخط اور مہر عدالت سے جاری ہوا۔
بعدالت جناب جج فیملی
بعدالت جناب سینئر سول جج صاحب مقدمہ عنوان بالا میں مسئول علیہ کی تعمیل بذریعہ اشتہار اخبار کروائی جاتی ہے کہ وہ بتاریخ مقررہ اصالتاً یا وکالتاً حاضر عدالت ہو کر پیروی مقدمہ کریں بصورت دیگر کارروائی یکطرفہ عمل میں لائی جائے گی۔ آج بتاریخ میرے دستخط اور مہر عدالت سے جاری ہوا۔ بعدالت جناب سینئر سول جج صاحب مقدمہ عنوان بالا میں مسئول علیہ کی تعمیل بذریعہ اشتہار اخبار کروائی جاتی ہے کہ وہ بتاریخ مقررہ اصالتاً یا وکالتاً حاضر عدالت ہو کر پیروی مقدمہ کریں بصورت دیگر کارروائی یکطرفہ عمل میں لائی جائے گی۔ آج بتاریخ میرے دستخط اور مہر عدالت سے جاری ہوا۔
صاحب سول جج چکوال
بعدالت جناب سینئر سول جج صاحب مقدمہ عنوان بالا میں مسئول علیہ کی تعمیل بذریعہ اشتہار اخبار کروائی جاتی ہے کہ وہ بتاریخ مقررہ اصالتاً یا وکالتاً حاضر عدالت ہو کر پیروی مقدمہ کریں بصورت دیگر کارروائی یکطرفہ عمل میں لائی جائے گی۔ آج بتاریخ میرے دستخط اور مہر عدالت سے جاری ہوا۔ بعدالت جناب سینئر سول جج صاحب مقدمہ عنوان بالا میں مسئول علیہ کی تعمیل بذریعہ اشتہار اخبار کروائی جاتی ہے کہ وہ بتاریخ مقررہ اصالتاً یا وکالتاً حاضر عدالت ہو کر پیروی مقدمہ کریں بصورت دیگر کارروائی یکطرفہ عمل میں لائی جائے گی۔ آج بتاریخ میرے دستخط اور مہر عدالت سے جاری ہوا۔
بعدالت جناب خالد بشیر
XXXVII CPC بعدالت جناب سینئر سول جج صاحب مقدمہ عنوان بالا میں مسئول علیہ کی تعمیل بذریعہ اشتہار اخبار کروائی جاتی ہے کہ وہ بتاریخ مقررہ اصالتاً یا وکالتاً حاضر عدالت ہو کر پیروی مقدمہ کریں بصورت دیگر کارروائی یکطرفہ عمل میں لائی جائے گی۔ آج بتاریخ میرے دستخط اور مہر عدالت سے جاری ہوا۔ بعدالت جناب سینئر سول جج صاحب مقدمہ عنوان بالا میں مسئول علیہ کی تعمیل بذریعہ اشتہار اخبار کروائی جاتی ہے کہ وہ بتاریخ مقررہ اصالتاً یا وکالتاً حاضر عدالت ہو کر پیروی مقدمہ کریں بصورت دیگر کارروائی یکطرفہ عمل میں لائی جائے گی۔ آج بتاریخ میرے دستخط اور مہر عدالت سے جاری ہوا۔ بعدالت جناب سینئر سول جج صاحب مقدمہ عنوان بالا میں مسئول علیہ کی تعمیل بذریعہ اشتہار اخبار کروائی جاتی ہے کہ وہ بتاریخ مقررہ اصالتاً یا وکالتاً حاضر عدالت ہو کر پیروی مقدمہ کریں بصورت دیگر کارروائی یکطرفہ عمل میں لائی جائے گی۔ آج بتاریخ میرے دستخط اور مہر عدالت سے جاری ہوا۔
صاحب ASJ راولپنڈی
Visitation of minors بعدالت جناب سینئر سول جج صاحب مقدمہ عنوان بالا میں مسئول علیہ کی تعمیل بذریعہ اشتہار اخبار کروائی جاتی ہے کہ وہ بتاریخ مقررہ اصالتاً یا وکالتاً حاضر عدالت ہو کر پیروی مقدمہ کریں بصورت دیگر کارروائی یکطرفہ عمل میں لائی جائے گی۔ آج بتاریخ میرے دستخط اور مہر عدالت سے جاری ہوا۔ بعدالت جناب سینئر سول جج صاحب مقدمہ عنوان بالا میں مسئول علیہ کی تعمیل بذریعہ اشتہار اخبار کروائی جاتی ہے کہ وہ بتاریخ مقررہ اصالتاً یا وکالتاً حاضر عدالت ہو کر پیروی مقدمہ کریں بصورت دیگر کارروائی یکطرفہ عمل میں لائی جائے گی۔ آج بتاریخ میرے دستخط اور مہر عدالت سے جاری ہوا۔ بعدالت جناب سینئر سول جج صاحب مقدمہ عنوان بالا میں مسئول علیہ کی تعمیل بذریعہ اشتہار اخبار کروائی جاتی ہے کہ وہ بتاریخ مقررہ اصالتاً یا وکالتاً حاضر عدالت ہو کر پیروی مقدمہ کریں بصورت دیگر کارروائی یکطرفہ عمل میں لائی جائے گی۔ آج بتاریخ میرے دستخط اور مہر عدالت سے جاری ہوا۔
بعدالت جناب ظہیر رشید
PKBK13183 بعدالت جناب سینئر سول جج صاحب مقدمہ عنوان بالا میں مسئول علیہ کی تعمیل بذریعہ اشتہار اخبار کروائی جاتی ہے کہ وہ بتاریخ مقررہ اصالتاً یا وکالتاً حاضر عدالت ہو کر پیروی مقدمہ کریں بصورت دیگر کارروائی یکطرفہ عمل میں لائی جائے گی۔ آج بتاریخ میرے دستخط اور مہر عدالت سے جاری ہوا۔ بعدالت جناب سینئر سول جج صاحب مقدمہ عنوان بالا میں مسئول علیہ کی تعمیل بذریعہ اشتہار اخبار کروائی جاتی ہے کہ وہ بتاریخ مقررہ اصالتاً یا وکالتاً حاضر عدالت ہو کر پیروی مقدمہ کریں بصورت دیگر کارروائی یکطرفہ عمل میں لائی جائے گی۔ آج بتاریخ میرے دستخط اور مہر عدالت سے جاری ہوا۔ بعدالت جناب سینئر سول جج صاحب مقدمہ عنوان بالا میں مسئول علیہ کی تعمیل بذریعہ اشتہار اخبار کروائی جاتی ہے کہ وہ بتاریخ مقررہ اصالتاً یا وکالتاً حاضر عدالت ہو کر پیروی مقدمہ کریں بصورت دیگر کارروائی یکطرفہ عمل میں لائی جائے گی۔ آج بتاریخ میرے دستخط اور مہر عدالت سے جاری ہوا۔
صاحب سول جج فیملی کورٹ ٹیکسلا
03455668937 بعدالت جناب سینئر سول جج صاحب مقدمہ عنوان بالا میں مسئول علیہ کی تعمیل بذریعہ اشتہار اخبار کروائی جاتی ہے کہ وہ بتاریخ مقررہ اصالتاً یا وکالتاً حاضر عدالت ہو کر پیروی مقدمہ کریں بصورت دیگر کارروائی یکطرفہ عمل میں لائی جائے گی۔ آج بتاریخ میرے دستخط اور مہر عدالت سے جاری ہوا۔ بعدالت جناب سینئر سول جج صاحب مقدمہ عنوان بالا میں مسئول علیہ کی تعمیل بذریعہ اشتہار اخبار کروائی جاتی ہے کہ وہ بتاریخ مقررہ اصالتاً یا وکالتاً حاضر عدالت ہو کر پیروی مقدمہ کریں بصورت دیگر کارروائی یکطرفہ عمل میں لائی جائے گی۔ آج بتاریخ میرے دستخط اور مہر عدالت سے جاری ہوا۔ بعدالت جناب سینئر سول جج صاحب مقدمہ عنوان بالا میں مسئول علیہ کی تعمیل بذریعہ اشتہار اخبار کروائی جاتی ہے کہ وہ بتاریخ مقررہ اصالتاً یا وکالتاً حاضر عدالت ہو کر پیروی مقدمہ کریں بصورت دیگر کارروائی یکطرفہ عمل میں لائی جائے گی۔ آج بتاریخ میرے دستخط اور مہر عدالت سے جاری ہوا۔
بعدالت جناب رشید حیدر
بعدالت جناب سینئر سول جج صاحب مقدمہ عنوان بالا میں مسئول علیہ کی تعمیل بذریعہ اشتہار اخبار کروائی جاتی ہے کہ وہ بتاریخ مقررہ اصالتاً یا وکالتاً حاضر عدالت ہو کر پیروی مقدمہ کریں بصورت دیگر کارروائی یکطرفہ عمل میں لائی جائے گی۔ آج بتاریخ میرے دستخط اور مہر عدالت سے جاری ہوا۔ بعدالت جناب سینئر سول جج صاحب مقدمہ عنوان بالا میں مسئول علیہ کی تعمیل بذریعہ اشتہار اخبار کروائی جاتی ہے کہ وہ بتاریخ مقررہ اصالتاً یا وکالتاً حاضر عدالت ہو کر پیروی مقدمہ کریں بصورت دیگر کارروائی یکطرفہ عمل میں لائی جائے گی۔ آج بتاریخ میرے دستخط اور مہر عدالت سے جاری ہوا۔ بعدالت جناب سینئر سول جج صاحب مقدمہ عنوان بالا میں مسئول علیہ کی تعمیل بذریعہ اشتہار اخبار کروائی جاتی ہے کہ وہ بتاریخ مقررہ اصالتاً یا وکالتاً حاضر عدالت ہو کر پیروی مقدمہ کریں بصورت دیگر کارروائی یکطرفہ عمل میں لائی جائے گی۔ آج بتاریخ میرے دستخط اور مہر عدالت سے جاری ہوا۔
صاحب سول جج راولپنڈی
بعدالت جناب سینئر سول جج صاحب مقدمہ عنوان بالا میں مسئول علیہ کی تعمیل بذریعہ اشتہار اخبار کروائی جاتی ہے کہ وہ بتاریخ مقررہ اصالتاً یا وکالتاً حاضر عدالت ہو کر پیروی مقدمہ کریں بصورت دیگر کارروائی یکطرفہ عمل میں لائی جائے گی۔ آج بتاریخ میرے دستخط اور مہر عدالت سے جاری ہوا۔ بعدالت جناب سینئر سول جج صاحب مقدمہ عنوان بالا میں مسئول علیہ کی تعمیل بذریعہ اشتہار اخبار کروائی جاتی ہے کہ وہ بتاریخ مقررہ اصالتاً یا وکالتاً حاضر عدالت ہو کر پیروی مقدمہ کریں بصورت دیگر کارروائی یکطرفہ عمل میں لائی جائے گی۔ آج بتاریخ میرے دستخط اور مہر عدالت سے جاری ہوا۔ بعدالت جناب سینئر سول جج صاحب مقدمہ عنوان بالا میں مسئول علیہ کی تعمیل بذریعہ اشتہار اخبار کروائی جاتی ہے کہ وہ بتاریخ مقررہ اصالتاً یا وکالتاً حاضر عدالت ہو کر پیروی مقدمہ کریں بصورت دیگر کارروائی یکطرفہ عمل میں لائی جائے گی۔ آج بتاریخ میرے دستخط اور مہر عدالت سے جاری ہوا۔
گمشدگی اطلاع
بعدالت جناب سینئر سول جج صاحب مقدمہ عنوان بالا میں مسئول علیہ کی تعمیل بذریعہ اشتہار اخبار کروائی جاتی ہے کہ وہ بتاریخ مقررہ اصالتاً یا وکالتاً حاضر عدالت ہو کر پیروی مقدمہ کریں بصورت دیگر کارروائی یکطرفہ عمل میں لائی جائے گی۔ آج بتاریخ میرے دستخط اور مہر عدالت سے جاری ہوا۔ بعدالت جناب سینئر سول جج صاحب مقدمہ عنوان بالا میں مسئول علیہ کی تعمیل بذریعہ اشتہار اخبار کروائی جاتی ہے کہ وہ بتاریخ مقررہ اصالتاً یا وکالتاً حاضر عدالت ہو کر پیروی مقدمہ کریں بصورت دیگر کارروائی یکطرفہ عمل میں لائی جائے گی۔ آج بتاریخ میرے دستخط اور مہر عدالت سے جاری ہوا۔ بعدالت جناب سینئر سول جج صاحب مقدمہ عنوان بالا میں مسئول علیہ کی تعمیل بذریعہ اشتہار اخبار کروائی جاتی ہے کہ وہ بتاریخ مقررہ اصالتاً یا وکالتاً حاضر عدالت ہو کر پیروی مقدمہ کریں بصورت دیگر کارروائی یکطرفہ عمل میں لائی جائے گی۔ آج بتاریخ میرے دستخط اور مہر عدالت سے جاری ہوا۔
بعدالت جناب جج اسلام آباد
بعدالت جناب سینئر سول جج صاحب مقدمہ عنوان بالا میں مسئول علیہ کی تعمیل بذریعہ اشتہار اخبار کروائی جاتی ہے کہ وہ بتاریخ مقررہ اصالتاً یا وکالتاً حاضر عدالت ہو کر پیروی مقدمہ کریں بصورت دیگر کارروائی یکطرفہ عمل میں لائی جائے گی۔ آج بتاریخ میرے دستخط اور مہر عدالت سے جاری ہوا۔ بعدالت جناب سینئر سول جج صاحب مقدمہ عنوان بالا میں مسئول علیہ کی تعمیل بذریعہ اشتہار اخبار کروائی جاتی ہے کہ وہ بتاریخ مقررہ اصالتاً یا وکالتاً حاضر عدالت ہو کر پیروی مقدمہ کریں بصورت دیگر کارروائی یکطرفہ عمل میں لائی جائے گی۔ آج بتاریخ میرے دستخط اور مہر عدالت سے جاری ہوا۔ بعدالت جناب سینئر سول جج صاحب مقدمہ عنوان بالا میں مسئول علیہ کی تعمیل بذریعہ اشتہار اخبار کروائی جاتی ہے کہ وہ بتاریخ مقررہ اصالتاً یا وکالتاً حاضر عدالت ہو کر پیروی مقدمہ کریں بصورت دیگر کارروائی یکطرفہ عمل میں لائی جائے گی۔ آج بتاریخ میرے دستخط اور مہر عدالت سے جاری ہوا۔
گمشدگی ڈگری / ڈپلومہ
بعدالت جناب سینئر سول جج صاحب مقدمہ عنوان بالا میں مسئول علیہ کی تعمیل بذریعہ اشتہار اخبار کروائی جاتی ہے کہ وہ بتاریخ مقررہ اصالتاً یا وکالتاً حاضر عدالت ہو کر پیروی مقدمہ کریں بصورت دیگر کارروائی یکطرفہ عمل میں لائی جائے گی۔ آج بتاریخ میرے دستخط اور مہر عدالت سے جاری ہوا۔ بعدالت جناب سینئر سول جج صاحب مقدمہ عنوان بالا میں مسئول علیہ کی تعمیل بذریعہ اشتہار اخبار کروائی جاتی ہے کہ وہ بتاریخ مقررہ اصالتاً یا وکالتاً حاضر عدالت ہو کر پیروی مقدمہ کریں بصورت دیگر کارروائی یکطرفہ عمل میں لائی جائے گی۔ آج بتاریخ میرے دستخط اور مہر عدالت سے جاری ہوا۔ بعدالت جناب سینئر سول جج صاحب مقدمہ عنوان بالا میں مسئول علیہ کی تعمیل بذریعہ اشتہار اخبار کروائی جاتی ہے کہ وہ بتاریخ مقررہ اصالتاً یا وکالتاً حاضر عدالت ہو کر پیروی مقدمہ کریں بصورت دیگر کارروائی یکطرفہ عمل میں لائی جائے گی۔ آج بتاریخ میرے دستخط اور مہر عدالت سے جاری ہوا۔
عاقل نامہ
بعدالت جناب سینئر سول جج صاحب مقدمہ عنوان بالا میں مسئول علیہ کی تعمیل بذریعہ اشتہار اخبار کروائی جاتی ہے کہ وہ بتاریخ مقررہ اصالتاً یا وکالتاً حاضر عدالت ہو کر پیروی مقدمہ کریں بصورت دیگر کارروائی یکطرفہ عمل میں لائی جائے گی۔ آج بتاریخ میرے دستخط اور مہر عدالت سے جاری ہوا۔ بعدالت جناب سینئر سول جج صاحب مقدمہ عنوان بالا میں مسئول علیہ کی تعمیل بذریعہ اشتہار اخبار کروائی جاتی ہے کہ وہ بتاریخ مقررہ اصالتاً یا وکالتاً حاضر عدالت ہو کر پیروی مقدمہ کریں بصورت دیگر کارروائی یکطرفہ عمل میں لائی جائے گی۔ آج بتاریخ میرے دستخط اور مہر عدالت سے جاری ہوا۔ بعدالت جناب سینئر سول جج صاحب مقدمہ عنوان بالا میں مسئول علیہ کی تعمیل بذریعہ اشتہار اخبار کروائی جاتی ہے کہ وہ بتاریخ مقررہ اصالتاً یا وکالتاً حاضر عدالت ہو کر پیروی مقدمہ کریں بصورت دیگر کارروائی یکطرفہ عمل میں لائی جائے گی۔ آج بتاریخ میرے دستخط اور مہر عدالت سے جاری ہوا۔
